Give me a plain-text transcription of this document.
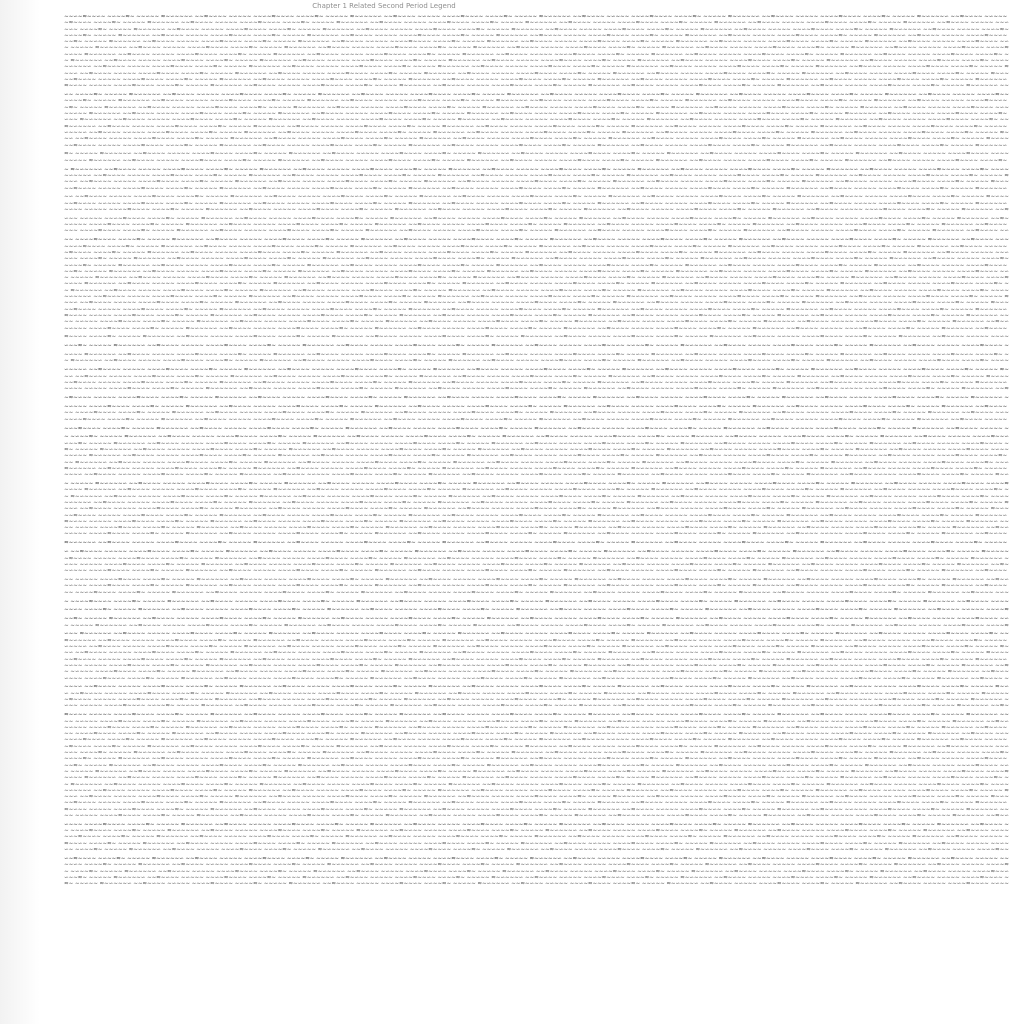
Chapter 1 Related Second Period Legend
∼∼∽∼≈∼∼∽∼ ∼∽∼∼≈∼ ∼∼∽∼∼ ≈∼∽∼∼∼∽ ∼∼≈∼∽∼∼ ∼∽∼∼∼ ∼∼∽∼≈∼∼∽∼ ∼∽∼∼≈∼ ∼∼∽∼∼ ≈∼∽∼∼∼∽ ∼∼≈∼∽∼∼ ∼∽∼∼∼ ∼∼∽∼≈∼∼∽∼ ∼∽∼∼≈∼ ∼∼∽∼∼ ≈∼∽∼∼∼∽ ∼∼≈∼∽∼∼ ∼∽∼∼∼ ∼∼∽∼≈∼∼∽∼ ∼∽∼∼≈∼ ∼∼∽∼∼ ≈∼∽∼∼∼∽ ∼∼≈∼∽∼∼ ∼∽∼∼∼ ∼∼∽∼≈∼∼∽∼ ∼∽∼∼≈∼ ∼∼∽∼∼ ≈∼∽∼∼∼∽ ∼∼≈∼∽∼∼ ∼∽∼∼∼
∼≈∼∼∽∼ ∼∽∼∼≈∼ ∼∼∽∼∼ ≈∼∽∼∼∼∽ ∼∼≈∼∽∼∼ ∼∽∼∼∼ ∼∼∽∼≈∼∼∽∼ ∼∽∼∼≈∼ ∼∼∽∼∼ ≈∼∽∼∼∼∽ ∼∼≈∼∽∼∼ ∼∽∼∼∼ ∼∼∽∼≈∼∼∽∼ ∼∽∼∼≈∼ ∼∼∽∼∼ ≈∼∽∼∼∼∽ ∼∼≈∼∽∼∼ ∼∽∼∼∼ ∼∼∽∼≈∼∼∽∼ ∼∽∼∼≈∼ ∼∼∽∼∼ ≈∼∽∼∼∼∽ ∼∼≈∼∽∼∼ ∼∽∼∼∼ ∼∼∽∼≈∼∼∽∼ ∼∽∼∼≈∼ ∼∼∽∼∼ ≈∼∽∼∼∼∽ ∼∼≈∼∽∼∼ ∼∽∼∼∼ ∼∼∽
∼∽∼ ∼∽∼∼≈∼ ∼∼∽∼∼ ≈∼∽∼∼∼∽ ∼∼≈∼∽∼∼ ∼∽∼∼∼ ∼∼∽∼≈∼∼∽∼ ∼∽∼∼≈∼ ∼∼∽∼∼ ≈∼∽∼∼∼∽ ∼∼≈∼∽∼∼ ∼∽∼∼∼ ∼∼∽∼≈∼∼∽∼ ∼∽∼∼≈∼ ∼∼∽∼∼ ≈∼∽∼∼∼∽ ∼∼≈∼∽∼∼ ∼∽∼∼∼ ∼∼∽∼≈∼∼∽∼ ∼∽∼∼≈∼ ∼∼∽∼∼ ≈∼∽∼∼∼∽ ∼∼≈∼∽∼∼ ∼∽∼∼∼ ∼∼∽∼≈∼∼∽∼ ∼∽∼∼≈∼ ∼∼∽∼∼ ≈∼∽∼∼∼∽ ∼∼≈∼∽∼∼ ∼∽∼∼∼ ∼∼∽∼≈∼
∼∽∼∼≈∼ ∼∼∽∼∼ ≈∼∽∼∼∼∽ ∼∼≈∼∽∼∼ ∼∽∼∼∼ ∼∼∽∼≈∼∼∽∼ ∼∽∼∼≈∼ ∼∼∽∼∼ ≈∼∽∼∼∼∽ ∼∼≈∼∽∼∼ ∼∽∼∼∼ ∼∼∽∼≈∼∼∽∼ ∼∽∼∼≈∼ ∼∼∽∼∼ ≈∼∽∼∼∼∽ ∼∼≈∼∽∼∼ ∼∽∼∼∼ ∼∼∽∼≈∼∼∽∼ ∼∽∼∼≈∼ ∼∼∽∼∼ ≈∼∽∼∼∼∽ ∼∼≈∼∽∼∼ ∼∽∼∼∼ ∼∼∽∼≈∼∼∽∼ ∼∽∼∼≈∼ ∼∼∽∼∼ ≈∼∽∼∼∼∽ ∼∼≈∼∽∼∼ ∼∽∼∼∼ ∼∼∽∼≈∼∼∽∼
∼∼≈∼ ∼∼∽∼∼ ≈∼∽∼∼∼∽ ∼∼≈∼∽∼∼ ∼∽∼∼∼ ∼∼∽∼≈∼∼∽∼ ∼∽∼∼≈∼ ∼∼∽∼∼ ≈∼∽∼∼∼∽ ∼∼≈∼∽∼∼ ∼∽∼∼∼ ∼∼∽∼≈∼∼∽∼ ∼∽∼∼≈∼ ∼∼∽∼∼ ≈∼∽∼∼∼∽ ∼∼≈∼∽∼∼ ∼∽∼∼∼ ∼∼∽∼≈∼∼∽∼ ∼∽∼∼≈∼ ∼∼∽∼∼ ≈∼∽∼∼∼∽ ∼∼≈∼∽∼∼ ∼∽∼∼∼ ∼∼∽∼≈∼∼∽∼ ∼∽∼∼≈∼ ∼∼∽∼∼ ≈∼∽∼∼∼∽ ∼∼≈∼∽∼∼ ∼∽∼∼∼ ∼∼∽∼≈∼∼∽∼ ∼∽
∼ ∼∼∽∼∼ ≈∼∽∼∼∼∽ ∼∼≈∼∽∼∼ ∼∽∼∼∼ ∼∼∽∼≈∼∼∽∼ ∼∽∼∼≈∼ ∼∼∽∼∼ ≈∼∽∼∼∼∽ ∼∼≈∼∽∼∼ ∼∽∼∼∼ ∼∼∽∼≈∼∼∽∼ ∼∽∼∼≈∼ ∼∼∽∼∼ ≈∼∽∼∼∼∽ ∼∼≈∼∽∼∼ ∼∽∼∼∼ ∼∼∽∼≈∼∼∽∼ ∼∽∼∼≈∼ ∼∼∽∼∼ ≈∼∽∼∼∼∽ ∼∼≈∼∽∼∼ ∼∽∼∼∼ ∼∼∽∼≈∼∼∽∼ ∼∽∼∼≈∼ ∼∼∽∼∼ ≈∼∽∼∼∼∽ ∼∼≈∼∽∼∼ ∼∽∼∼∼ ∼∼∽∼≈∼∼∽∼ ∼∽∼∼≈
∼∽∼∼ ≈∼∽∼∼∼∽ ∼∼≈∼∽∼∼ ∼∽∼∼∼ ∼∼∽∼≈∼∼∽∼ ∼∽∼∼≈∼ ∼∼∽∼∼ ≈∼∽∼∼∼∽ ∼∼≈∼∽∼∼ ∼∽∼∼∼ ∼∼∽∼≈∼∼∽∼ ∼∽∼∼≈∼ ∼∼∽∼∼ ≈∼∽∼∼∼∽ ∼∼≈∼∽∼∼ ∼∽∼∼∼ ∼∼∽∼≈∼∼∽∼ ∼∽∼∼≈∼ ∼∼∽∼∼ ≈∼∽∼∼∼∽ ∼∼≈∼∽∼∼ ∼∽∼∼∼ ∼∼∽∼≈∼∼∽∼ ∼∽∼∼≈∼ ∼∼∽∼∼ ≈∼∽∼∼∼∽ ∼∼≈∼∽∼∼ ∼∽∼∼∼ ∼∼∽∼≈∼∼∽∼ ∼∽∼∼≈∼ ∼
∼ ≈∼∽∼∼∼∽ ∼∼≈∼∽∼∼ ∼∽∼∼∼ ∼∼∽∼≈∼∼∽∼ ∼∽∼∼≈∼ ∼∼∽∼∼ ≈∼∽∼∼∼∽ ∼∼≈∼∽∼∼ ∼∽∼∼∼ ∼∼∽∼≈∼∼∽∼ ∼∽∼∼≈∼ ∼∼∽∼∼ ≈∼∽∼∼∼∽ ∼∼≈∼∽∼∼ ∼∽∼∼∼ ∼∼∽∼≈∼∼∽∼ ∼∽∼∼≈∼ ∼∼∽∼∼ ≈∼∽∼∼∼∽ ∼∼≈∼∽∼∼ ∼∽∼∼∼ ∼∼∽∼≈∼∼∽∼ ∼∽∼∼≈∼ ∼∼∽∼∼ ≈∼∽∼∼∼∽ ∼∼≈∼∽∼∼ ∼∽∼∼∼ ∼∼∽∼≈∼∼∽∼ ∼∽∼∼≈∼ ∼∼∽∼
∼∽∼∼∼∽ ∼∼≈∼∽∼∼ ∼∽∼∼∼ ∼∼∽∼≈∼∼∽∼ ∼∽∼∼≈∼ ∼∼∽∼∼ ≈∼∽∼∼∼∽ ∼∼≈∼∽∼∼ ∼∽∼∼∼ ∼∼∽∼≈∼∼∽∼ ∼∽∼∼≈∼ ∼∼∽∼∼ ≈∼∽∼∼∼∽ ∼∼≈∼∽∼∼ ∼∽∼∼∼ ∼∼∽∼≈∼∼∽∼ ∼∽∼∼≈∼ ∼∼∽∼∼ ≈∼∽∼∼∼∽ ∼∼≈∼∽∼∼ ∼∽∼∼∼ ∼∼∽∼≈∼∼∽∼ ∼∽∼∼≈∼ ∼∼∽∼∼ ≈∼∽∼∼∼∽ ∼∼≈∼∽∼∼ ∼∽∼∼∼ ∼∼∽∼≈∼∼∽∼ ∼∽∼∼≈∼ ∼∼∽∼∼ ≈
∼∼∽ ∼∼≈∼∽∼∼ ∼∽∼∼∼ ∼∼∽∼≈∼∼∽∼ ∼∽∼∼≈∼ ∼∼∽∼∼ ≈∼∽∼∼∼∽ ∼∼≈∼∽∼∼ ∼∽∼∼∼ ∼∼∽∼≈∼∼∽∼ ∼∽∼∼≈∼ ∼∼∽∼∼ ≈∼∽∼∼∼∽ ∼∼≈∼∽∼∼ ∼∽∼∼∼ ∼∼∽∼≈∼∼∽∼ ∼∽∼∼≈∼ ∼∼∽∼∼ ≈∼∽∼∼∼∽ ∼∼≈∼∽∼∼ ∼∽∼∼∼ ∼∼∽∼≈∼∼∽∼ ∼∽∼∼≈∼ ∼∼∽∼∼ ≈∼∽∼∼∼∽ ∼∼≈∼∽∼∼ ∼∽∼∼∼ ∼∼∽∼≈∼∼∽∼ ∼∽∼∼≈∼ ∼∼∽∼∼ ≈∼∽∼
∼∼≈∼∽∼∼ ∼∽∼∼∼ ∼∼∽∼≈∼∼∽∼ ∼∽∼∼≈∼ ∼∼∽∼∼ ≈∼∽∼∼∼∽ ∼∼≈∼∽∼∼ ∼∽∼∼∼ ∼∼∽∼≈∼∼∽∼ ∼∽∼∼≈∼ ∼∼∽∼∼ ≈∼∽∼∼∼∽ ∼∼≈∼∽∼∼ ∼∽∼∼∼ ∼∼∽∼≈∼∼∽∼ ∼∽∼∼≈∼ ∼∼∽∼∼ ≈∼∽∼∼∼∽ ∼∼≈∼∽∼∼ ∼∽∼∼∼ ∼∼∽∼≈∼∼∽∼ ∼∽∼∼≈∼ ∼∼∽∼∼ ≈∼∽∼∼∼∽ ∼∼≈∼∽∼∼ ∼∽∼∼∼ ∼∼∽∼≈∼∼∽∼ ∼∽∼∼≈∼ ∼∼∽∼∼ ≈∼∽∼∼∼∽
≈∼∽∼∼ ∼∽∼∼∼ ∼∼∽∼≈∼∼∽∼ ∼∽∼∼≈∼ ∼∼∽∼∼ ≈∼∽∼∼∼∽ ∼∼≈∼∽∼∼ ∼∽∼∼∼ ∼∼∽∼≈∼∼∽∼ ∼∽∼∼≈∼ ∼∼∽∼∼ ≈∼∽∼∼∼∽ ∼∼≈∼∽∼∼ ∼∽∼∼∼ ∼∼∽∼≈∼∼∽∼ ∼∽∼∼≈∼ ∼∼∽∼∼ ≈∼∽∼∼∼∽ ∼∼≈∼∽∼∼ ∼∽∼∼∼ ∼∼∽∼≈∼∼∽∼ ∼∽∼∼≈∼ ∼∼∽∼∼ ≈∼∽∼∼∼∽ ∼∼≈∼∽∼∼ ∼∽∼∼∼ ∼∼∽∼≈∼∼∽∼ ∼∽∼∼≈∼ ∼∼∽∼∼ ≈∼∽∼∼∼∽ ∼∼
∽∼ ∼∽∼∼≈∼ ∼∼∽∼∼ ≈∼∽∼∼∼∽ ∼∼≈∼∽∼∼ ∼∽∼∼∼ ∼∼∽∼≈∼∼∽∼ ∼∽∼∼≈∼ ∼∼∽∼∼ ≈∼∽∼∼∼∽ ∼∼≈∼∽∼∼ ∼∽∼∼∼ ∼∼∽∼≈∼∼∽∼ ∼∽∼∼≈∼ ∼∼∽∼∼ ≈∼∽∼∼∼∽ ∼∼≈∼∽∼∼ ∼∽∼∼∼ ∼∼∽∼≈∼∼∽∼ ∼∽∼∼≈∼ ∼∼∽∼∼ ≈∼∽∼∼∼∽ ∼∼≈∼∽∼∼ ∼∽∼∼∼ ∼∼∽∼≈∼∼∽∼ ∼∽∼∼≈∼ ∼∼∽∼∼ ≈∼∽∼∼∼∽ ∼∼≈∼∽∼∼ ∼∽∼∼∼ ∼∼∽∼≈∼∼
∼∽∼∼≈∼ ∼∼∽∼∼ ≈∼∽∼∼∼∽ ∼∼≈∼∽∼∼ ∼∽∼∼∼ ∼∼∽∼≈∼∼∽∼ ∼∽∼∼≈∼ ∼∼∽∼∼ ≈∼∽∼∼∼∽ ∼∼≈∼∽∼∼ ∼∽∼∼∼ ∼∼∽∼≈∼∼∽∼ ∼∽∼∼≈∼ ∼∼∽∼∼ ≈∼∽∼∼∼∽ ∼∼≈∼∽∼∼ ∼∽∼∼∼ ∼∼∽∼≈∼∼∽∼ ∼∽∼∼≈∼ ∼∼∽∼∼ ≈∼∽∼∼∼∽ ∼∼≈∼∽∼∼ ∼∽∼∼∼ ∼∼∽∼≈∼∼∽∼ ∼∽∼∼≈∼ ∼∼∽∼∼ ≈∼∽∼∼∼∽ ∼∼≈∼∽∼∼ ∼∽∼∼∼ ∼∼∽∼≈∼∼∽∼
∼≈∼ ∼∼∽∼∼ ≈∼∽∼∼∼∽ ∼∼≈∼∽∼∼ ∼∽∼∼∼ ∼∼∽∼≈∼∼∽∼ ∼∽∼∼≈∼ ∼∼∽∼∼ ≈∼∽∼∼∼∽ ∼∼≈∼∽∼∼ ∼∽∼∼∼ ∼∼∽∼≈∼∼∽∼ ∼∽∼∼≈∼ ∼∼∽∼∼ ≈∼∽∼∼∼∽ ∼∼≈∼∽∼∼ ∼∽∼∼∼ ∼∼∽∼≈∼∼∽∼ ∼∽∼∼≈∼ ∼∼∽∼∼ ≈∼∽∼∼∼∽ ∼∼≈∼∽∼∼ ∼∽∼∼∼ ∼∼∽∼≈∼∼∽∼ ∼∽∼∼≈∼ ∼∼∽∼∼ ≈∼∽∼∼∼∽ ∼∼≈∼∽∼∼ ∼∽∼∼∼ ∼∼∽∼≈∼∼∽∼ ∼∽∼
∼∼∽∼∼ ≈∼∽∼∼∼∽ ∼∼≈∼∽∼∼ ∼∽∼∼∼ ∼∼∽∼≈∼∼∽∼ ∼∽∼∼≈∼ ∼∼∽∼∼ ≈∼∽∼∼∼∽ ∼∼≈∼∽∼∼ ∼∽∼∼∼ ∼∼∽∼≈∼∼∽∼ ∼∽∼∼≈∼ ∼∼∽∼∼ ≈∼∽∼∼∼∽ ∼∼≈∼∽∼∼ ∼∽∼∼∼ ∼∼∽∼≈∼∼∽∼ ∼∽∼∼≈∼ ∼∼∽∼∼ ≈∼∽∼∼∼∽ ∼∼≈∼∽∼∼ ∼∽∼∼∼ ∼∼∽∼≈∼∼∽∼ ∼∽∼∼≈∼ ∼∼∽∼∼ ≈∼∽∼∼∼∽ ∼∼≈∼∽∼∼ ∼∽∼∼∼ ∼∼∽∼≈∼∼∽∼ ∼∽∼∼≈∼
∽∼∼ ≈∼∽∼∼∼∽ ∼∼≈∼∽∼∼ ∼∽∼∼∼ ∼∼∽∼≈∼∼∽∼ ∼∽∼∼≈∼ ∼∼∽∼∼ ≈∼∽∼∼∼∽ ∼∼≈∼∽∼∼ ∼∽∼∼∼ ∼∼∽∼≈∼∼∽∼ ∼∽∼∼≈∼ ∼∼∽∼∼ ≈∼∽∼∼∼∽ ∼∼≈∼∽∼∼ ∼∽∼∼∼ ∼∼∽∼≈∼∼∽∼ ∼∽∼∼≈∼ ∼∼∽∼∼ ≈∼∽∼∼∼∽ ∼∼≈∼∽∼∼ ∼∽∼∼∼ ∼∼∽∼≈∼∼∽∼ ∼∽∼∼≈∼ ∼∼∽∼∼ ≈∼∽∼∼∼∽ ∼∼≈∼∽∼∼ ∼∽∼∼∼ ∼∼∽∼≈∼∼∽∼ ∼∽∼∼≈∼ ∼∼
≈∼∽∼∼∼∽ ∼∼≈∼∽∼∼ ∼∽∼∼∼ ∼∼∽∼≈∼∼∽∼ ∼∽∼∼≈∼ ∼∼∽∼∼ ≈∼∽∼∼∼∽ ∼∼≈∼∽∼∼ ∼∽∼∼∼ ∼∼∽∼≈∼∼∽∼ ∼∽∼∼≈∼ ∼∼∽∼∼ ≈∼∽∼∼∼∽ ∼∼≈∼∽∼∼ ∼∽∼∼∼ ∼∼∽∼≈∼∼∽∼ ∼∽∼∼≈∼ ∼∼∽∼∼ ≈∼∽∼∼∼∽ ∼∼≈∼∽∼∼ ∼∽∼∼∼ ∼∼∽∼≈∼∼∽∼ ∼∽∼∼≈∼ ∼∼∽∼∼ ≈∼∽∼∼∼∽ ∼∼≈∼∽∼∼ ∼∽∼∼∼ ∼∼∽∼≈∼∼∽∼ ∼∽∼∼≈∼ ∼∼∽∼∼
∽∼∼∼∽ ∼∼≈∼∽∼∼ ∼∽∼∼∼ ∼∼∽∼≈∼∼∽∼ ∼∽∼∼≈∼ ∼∼∽∼∼ ≈∼∽∼∼∼∽ ∼∼≈∼∽∼∼ ∼∽∼∼∼ ∼∼∽∼≈∼∼∽∼ ∼∽∼∼≈∼ ∼∼∽∼∼ ≈∼∽∼∼∼∽ ∼∼≈∼∽∼∼ ∼∽∼∼∼ ∼∼∽∼≈∼∼∽∼ ∼∽∼∼≈∼ ∼∼∽∼∼ ≈∼∽∼∼∼∽ ∼∼≈∼∽∼∼ ∼∽∼∼∼ ∼∼∽∼≈∼∼∽∼ ∼∽∼∼≈∼ ∼∼∽∼∼ ≈∼∽∼∼∼∽ ∼∼≈∼∽∼∼ ∼∽∼∼∼ ∼∼∽∼≈∼∼∽∼ ∼∽∼∼≈∼ ∼∼∽∼∼ ≈∼
∼∽ ∼∼≈∼∽∼∼ ∼∽∼∼∼ ∼∼∽∼≈∼∼∽∼ ∼∽∼∼≈∼ ∼∼∽∼∼ ≈∼∽∼∼∼∽ ∼∼≈∼∽∼∼ ∼∽∼∼∼ ∼∼∽∼≈∼∼∽∼ ∼∽∼∼≈∼ ∼∼∽∼∼ ≈∼∽∼∼∼∽ ∼∼≈∼∽∼∼ ∼∽∼∼∼ ∼∼∽∼≈∼∼∽∼ ∼∽∼∼≈∼ ∼∼∽∼∼ ≈∼∽∼∼∼∽ ∼∼≈∼∽∼∼ ∼∽∼∼∼ ∼∼∽∼≈∼∼∽∼ ∼∽∼∼≈∼ ∼∼∽∼∼ ≈∼∽∼∼∼∽ ∼∼≈∼∽∼∼ ∼∽∼∼∼ ∼∼∽∼≈∼∼∽∼ ∼∽∼∼≈∼ ∼∼∽∼∼ ≈∼∽∼∼
∼∼≈∼∽∼∼ ∼∽∼∼∼ ∼∼∽∼≈∼∼∽∼ ∼∽∼∼≈∼ ∼∼∽∼∼ ≈∼∽∼∼∼∽ ∼∼≈∼∽∼∼ ∼∽∼∼∼ ∼∼∽∼≈∼∼∽∼ ∼∽∼∼≈∼ ∼∼∽∼∼ ≈∼∽∼∼∼∽ ∼∼≈∼∽∼∼ ∼∽∼∼∼ ∼∼∽∼≈∼∼∽∼ ∼∽∼∼≈∼ ∼∼∽∼∼ ≈∼∽∼∼∼∽ ∼∼≈∼∽∼∼ ∼∽∼∼∼ ∼∼∽∼≈∼∼∽∼ ∼∽∼∼≈∼ ∼∼∽∼∼ ≈∼∽∼∼∼∽ ∼∼≈∼∽∼∼ ∼∽∼∼∼ ∼∼∽∼≈∼∼∽∼ ∼∽∼∼≈∼ ∼∼∽∼∼ ≈∼∽∼∼∼∽
≈∼ ∼∼∽∼∼ ≈∼∽∼∼∼∽ ∼∼≈∼∽∼∼ ∼∽∼∼∼ ∼∼∽∼≈∼∼∽∼ ∼∽∼∼≈∼ ∼∼∽∼∼ ≈∼∽∼∼∼∽ ∼∼≈∼∽∼∼ ∼∽∼∼∼ ∼∼∽∼≈∼∼∽∼ ∼∽∼∼≈∼ ∼∼∽∼∼ ≈∼∽∼∼∼∽ ∼∼≈∼∽∼∼ ∼∽∼∼∼ ∼∼∽∼≈∼∼∽∼ ∼∽∼∼≈∼ ∼∼∽∼∼ ≈∼∽∼∼∼∽ ∼∼≈∼∽∼∼ ∼∽∼∼∼ ∼∼∽∼≈∼∼∽∼ ∼∽∼∼≈∼ ∼∼∽∼∼ ≈∼∽∼∼∼∽ ∼∼≈∼∽∼∼ ∼∽∼∼∼ ∼∼∽∼≈∼∼∽∼ ∼∽∼∼
∼∼∽∼∼ ≈∼∽∼∼∼∽ ∼∼≈∼∽∼∼ ∼∽∼∼∼ ∼∼∽∼≈∼∼∽∼ ∼∽∼∼≈∼ ∼∼∽∼∼ ≈∼∽∼∼∼∽ ∼∼≈∼∽∼∼ ∼∽∼∼∼ ∼∼∽∼≈∼∼∽∼ ∼∽∼∼≈∼ ∼∼∽∼∼ ≈∼∽∼∼∼∽ ∼∼≈∼∽∼∼ ∼∽∼∼∼ ∼∼∽∼≈∼∼∽∼ ∼∽∼∼≈∼ ∼∼∽∼∼ ≈∼∽∼∼∼∽ ∼∼≈∼∽∼∼ ∼∽∼∼∼ ∼∼∽∼≈∼∼∽∼ ∼∽∼∼≈∼ ∼∼∽∼∼ ≈∼∽∼∼∼∽ ∼∼≈∼∽∼∼ ∼∽∼∼∼ ∼∼∽∼≈∼∼∽∼ ∼∽∼∼≈∼
∼ ≈∼∽∼∼∼∽ ∼∼≈∼∽∼∼ ∼∽∼∼∼ ∼∼∽∼≈∼∼∽∼ ∼∽∼∼≈∼ ∼∼∽∼∼ ≈∼∽∼∼∼∽ ∼∼≈∼∽∼∼ ∼∽∼∼∼ ∼∼∽∼≈∼∼∽∼ ∼∽∼∼≈∼ ∼∼∽∼∼ ≈∼∽∼∼∼∽ ∼∼≈∼∽∼∼ ∼∽∼∼∼ ∼∼∽∼≈∼∼∽∼ ∼∽∼∼≈∼ ∼∼∽∼∼ ≈∼∽∼∼∼∽ ∼∼≈∼∽∼∼ ∼∽∼∼∼ ∼∼∽∼≈∼∼∽∼ ∼∽∼∼≈∼ ∼∼∽∼∼ ≈∼∽∼∼∼∽ ∼∼≈∼∽∼∼ ∼∽∼∼∼ ∼∼∽∼≈∼∼∽∼ ∼∽∼∼≈∼ ∼∼∽∼
∼∽∼∼∼∽ ∼∼≈∼∽∼∼ ∼∽∼∼∼ ∼∼∽∼≈∼∼∽∼ ∼∽∼∼≈∼ ∼∼∽∼∼ ≈∼∽∼∼∼∽ ∼∼≈∼∽∼∼ ∼∽∼∼∼ ∼∼∽∼≈∼∼∽∼ ∼∽∼∼≈∼ ∼∼∽∼∼ ≈∼∽∼∼∼∽ ∼∼≈∼∽∼∼ ∼∽∼∼∼ ∼∼∽∼≈∼∼∽∼ ∼∽∼∼≈∼ ∼∼∽∼∼ ≈∼∽∼∼∼∽ ∼∼≈∼∽∼∼ ∼∽∼∼∼ ∼∼∽∼≈∼∼∽∼ ∼∽∼∼≈∼ ∼∼∽∼∼ ≈∼∽∼∼∼∽ ∼∼≈∼∽∼∼ ∼∽∼∼∼ ∼∼∽∼≈∼∼∽∼ ∼∽∼∼≈∼ ∼∼∽∼∼ ≈
∼∼∽ ∼∼≈∼∽∼∼ ∼∽∼∼∼ ∼∼∽∼≈∼∼∽∼ ∼∽∼∼≈∼ ∼∼∽∼∼ ≈∼∽∼∼∼∽ ∼∼≈∼∽∼∼ ∼∽∼∼∼ ∼∼∽∼≈∼∼∽∼ ∼∽∼∼≈∼ ∼∼∽∼∼ ≈∼∽∼∼∼∽ ∼∼≈∼∽∼∼ ∼∽∼∼∼ ∼∼∽∼≈∼∼∽∼ ∼∽∼∼≈∼ ∼∼∽∼∼ ≈∼∽∼∼∼∽ ∼∼≈∼∽∼∼ ∼∽∼∼∼ ∼∼∽∼≈∼∼∽∼ ∼∽∼∼≈∼ ∼∼∽∼∼ ≈∼∽∼∼∼∽ ∼∼≈∼∽∼∼ ∼∽∼∼∼ ∼∼∽∼≈∼∼∽∼ ∼∽∼∼≈∼ ∼∼∽∼∼ ≈∼∽∼
∼∼≈∼∽∼∼ ∼∽∼∼∼ ∼∼∽∼≈∼∼∽∼ ∼∽∼∼≈∼ ∼∼∽∼∼ ≈∼∽∼∼∼∽ ∼∼≈∼∽∼∼ ∼∽∼∼∼ ∼∼∽∼≈∼∼∽∼ ∼∽∼∼≈∼ ∼∼∽∼∼ ≈∼∽∼∼∼∽ ∼∼≈∼∽∼∼ ∼∽∼∼∼ ∼∼∽∼≈∼∼∽∼ ∼∽∼∼≈∼ ∼∼∽∼∼ ≈∼∽∼∼∼∽ ∼∼≈∼∽∼∼ ∼∽∼∼∼ ∼∼∽∼≈∼∼∽∼ ∼∽∼∼≈∼ ∼∼∽∼∼ ≈∼∽∼∼∼∽ ∼∼≈∼∽∼∼ ∼∽∼∼∼ ∼∼∽∼≈∼∼∽∼ ∼∽∼∼≈∼ ∼∼∽∼∼ ≈∼∽∼∼∼∽
∼∽ ∼∼≈∼∽∼∼ ∼∽∼∼∼ ∼∼∽∼≈∼∼∽∼ ∼∽∼∼≈∼ ∼∼∽∼∼ ≈∼∽∼∼∼∽ ∼∼≈∼∽∼∼ ∼∽∼∼∼ ∼∼∽∼≈∼∼∽∼ ∼∽∼∼≈∼ ∼∼∽∼∼ ≈∼∽∼∼∼∽ ∼∼≈∼∽∼∼ ∼∽∼∼∼ ∼∼∽∼≈∼∼∽∼ ∼∽∼∼≈∼ ∼∼∽∼∼ ≈∼∽∼∼∼∽ ∼∼≈∼∽∼∼ ∼∽∼∼∼ ∼∼∽∼≈∼∼∽∼ ∼∽∼∼≈∼ ∼∼∽∼∼ ≈∼∽∼∼∼∽ ∼∼≈∼∽∼∼ ∼∽∼∼∼ ∼∼∽∼≈∼∼∽∼ ∼∽∼∼≈∼ ∼∼∽∼∼ ≈∼∽∼∼
∼∼≈∼∽∼∼ ∼∽∼∼∼ ∼∼∽∼≈∼∼∽∼ ∼∽∼∼≈∼ ∼∼∽∼∼ ≈∼∽∼∼∼∽ ∼∼≈∼∽∼∼ ∼∽∼∼∼ ∼∼∽∼≈∼∼∽∼ ∼∽∼∼≈∼ ∼∼∽∼∼ ≈∼∽∼∼∼∽ ∼∼≈∼∽∼∼ ∼∽∼∼∼ ∼∼∽∼≈∼∼∽∼ ∼∽∼∼≈∼ ∼∼∽∼∼ ≈∼∽∼∼∼∽ ∼∼≈∼∽∼∼ ∼∽∼∼∼ ∼∼∽∼≈∼∼∽∼ ∼∽∼∼≈∼ ∼∼∽∼∼ ≈∼∽∼∼∼∽ ∼∼≈∼∽∼∼ ∼∽∼∼∼ ∼∼∽∼≈∼∼∽∼ ∼∽∼∼≈∼ ∼∼∽∼∼ ≈∼∽∼∼∼∽
∼∽∼∼ ∼∽∼∼∼ ∼∼∽∼≈∼∼∽∼ ∼∽∼∼≈∼ ∼∼∽∼∼ ≈∼∽∼∼∼∽ ∼∼≈∼∽∼∼ ∼∽∼∼∼ ∼∼∽∼≈∼∼∽∼ ∼∽∼∼≈∼ ∼∼∽∼∼ ≈∼∽∼∼∼∽ ∼∼≈∼∽∼∼ ∼∽∼∼∼ ∼∼∽∼≈∼∼∽∼ ∼∽∼∼≈∼ ∼∼∽∼∼ ≈∼∽∼∼∼∽ ∼∼≈∼∽∼∼ ∼∽∼∼∼ ∼∼∽∼≈∼∼∽∼ ∼∽∼∼≈∼ ∼∼∽∼∼ ≈∼∽∼∼∼∽ ∼∼≈∼∽∼∼ ∼∽∼∼∼ ∼∼∽∼≈∼∼∽∼ ∼∽∼∼≈∼ ∼∼∽∼∼ ≈∼∽∼∼∼∽ ∼∼≈
∽∼∼ ∼∽∼∼∼ ∼∼∽∼≈∼∼∽∼ ∼∽∼∼≈∼ ∼∼∽∼∼ ≈∼∽∼∼∼∽ ∼∼≈∼∽∼∼ ∼∽∼∼∼ ∼∼∽∼≈∼∼∽∼ ∼∽∼∼≈∼ ∼∼∽∼∼ ≈∼∽∼∼∼∽ ∼∼≈∼∽∼∼ ∼∽∼∼∼ ∼∼∽∼≈∼∼∽∼ ∼∽∼∼≈∼ ∼∼∽∼∼ ≈∼∽∼∼∼∽ ∼∼≈∼∽∼∼ ∼∽∼∼∼ ∼∼∽∼≈∼∼∽∼ ∼∽∼∼≈∼ ∼∼∽∼∼ ≈∼∽∼∼∼∽ ∼∼≈∼∽∼∼ ∼∽∼∼∼ ∼∼∽∼≈∼∼∽∼ ∼∽∼∼≈∼ ∼∼∽∼∼ ≈∼∽∼∼∼∽ ∼∼≈∼
∼∽∼∼∼ ∼∼∽∼≈∼∼∽∼ ∼∽∼∼≈∼ ∼∼∽∼∼ ≈∼∽∼∼∼∽ ∼∼≈∼∽∼∼ ∼∽∼∼∼ ∼∼∽∼≈∼∼∽∼ ∼∽∼∼≈∼ ∼∼∽∼∼ ≈∼∽∼∼∼∽ ∼∼≈∼∽∼∼ ∼∽∼∼∼ ∼∼∽∼≈∼∼∽∼ ∼∽∼∼≈∼ ∼∼∽∼∼ ≈∼∽∼∼∼∽ ∼∼≈∼∽∼∼ ∼∽∼∼∼ ∼∼∽∼≈∼∼∽∼ ∼∽∼∼≈∼ ∼∼∽∼∼ ≈∼∽∼∼∼∽ ∼∼≈∼∽∼∼ ∼∽∼∼∼ ∼∼∽∼≈∼∼∽∼ ∼∽∼∼≈∼ ∼∼∽∼∼ ≈∼∽∼∼∼∽ ∼∼≈∼∽∼∼
∼∼∼ ∼∼∽∼≈∼∼∽∼ ∼∽∼∼≈∼ ∼∼∽∼∼ ≈∼∽∼∼∼∽ ∼∼≈∼∽∼∼ ∼∽∼∼∼ ∼∼∽∼≈∼∼∽∼ ∼∽∼∼≈∼ ∼∼∽∼∼ ≈∼∽∼∼∼∽ ∼∼≈∼∽∼∼ ∼∽∼∼∼ ∼∼∽∼≈∼∼∽∼ ∼∽∼∼≈∼ ∼∼∽∼∼ ≈∼∽∼∼∼∽ ∼∼≈∼∽∼∼ ∼∽∼∼∼ ∼∼∽∼≈∼∼∽∼ ∼∽∼∼≈∼ ∼∼∽∼∼ ≈∼∽∼∼∼∽ ∼∼≈∼∽∼∼ ∼∽∼∼∼ ∼∼∽∼≈∼∼∽∼ ∼∽∼∼≈∼ ∼∼∽∼∼ ≈∼∽∼∼∼∽ ∼∼≈∼∽∼∼ ∼∽
∼∼ ∼∼∽∼≈∼∼∽∼ ∼∽∼∼≈∼ ∼∼∽∼∼ ≈∼∽∼∼∼∽ ∼∼≈∼∽∼∼ ∼∽∼∼∼ ∼∼∽∼≈∼∼∽∼ ∼∽∼∼≈∼ ∼∼∽∼∼ ≈∼∽∼∼∼∽ ∼∼≈∼∽∼∼ ∼∽∼∼∼ ∼∼∽∼≈∼∼∽∼ ∼∽∼∼≈∼ ∼∼∽∼∼ ≈∼∽∼∼∼∽ ∼∼≈∼∽∼∼ ∼∽∼∼∼ ∼∼∽∼≈∼∼∽∼ ∼∽∼∼≈∼ ∼∼∽∼∼ ≈∼∽∼∼∼∽ ∼∼≈∼∽∼∼ ∼∽∼∼∼ ∼∼∽∼≈∼∼∽∼ ∼∽∼∼≈∼ ∼∼∽∼∼ ≈∼∽∼∼∼∽ ∼∼≈∼∽∼∼ ∼∽∼
∼∼∽∼≈∼∼∽∼ ∼∽∼∼≈∼ ∼∼∽∼∼ ≈∼∽∼∼∼∽ ∼∼≈∼∽∼∼ ∼∽∼∼∼ ∼∼∽∼≈∼∼∽∼ ∼∽∼∼≈∼ ∼∼∽∼∼ ≈∼∽∼∼∼∽ ∼∼≈∼∽∼∼ ∼∽∼∼∼ ∼∼∽∼≈∼∼∽∼ ∼∽∼∼≈∼ ∼∼∽∼∼ ≈∼∽∼∼∼∽ ∼∼≈∼∽∼∼ ∼∽∼∼∼ ∼∼∽∼≈∼∼∽∼ ∼∽∼∼≈∼ ∼∼∽∼∼ ≈∼∽∼∼∼∽ ∼∼≈∼∽∼∼ ∼∽∼∼∼ ∼∼∽∼≈∼∼∽∼ ∼∽∼∼≈∼ ∼∼∽∼∼ ≈∼∽∼∼∼∽ ∼∼≈∼∽∼∼ ∼∽∼∼∼
∼≈∼∼∽∼ ∼∽∼∼≈∼ ∼∼∽∼∼ ≈∼∽∼∼∼∽ ∼∼≈∼∽∼∼ ∼∽∼∼∼ ∼∼∽∼≈∼∼∽∼ ∼∽∼∼≈∼ ∼∼∽∼∼ ≈∼∽∼∼∼∽ ∼∼≈∼∽∼∼ ∼∽∼∼∼ ∼∼∽∼≈∼∼∽∼ ∼∽∼∼≈∼ ∼∼∽∼∼ ≈∼∽∼∼∼∽ ∼∼≈∼∽∼∼ ∼∽∼∼∼ ∼∼∽∼≈∼∼∽∼ ∼∽∼∼≈∼ ∼∼∽∼∼ ≈∼∽∼∼∼∽ ∼∼≈∼∽∼∼ ∼∽∼∼∼ ∼∼∽∼≈∼∼∽∼ ∼∽∼∼≈∼ ∼∼∽∼∼ ≈∼∽∼∼∼∽ ∼∼≈∼∽∼∼ ∼∽∼∼∼ ∼∼∽
∼∽∼ ∼∽∼∼≈∼ ∼∼∽∼∼ ≈∼∽∼∼∼∽ ∼∼≈∼∽∼∼ ∼∽∼∼∼ ∼∼∽∼≈∼∼∽∼ ∼∽∼∼≈∼ ∼∼∽∼∼ ≈∼∽∼∼∼∽ ∼∼≈∼∽∼∼ ∼∽∼∼∼ ∼∼∽∼≈∼∼∽∼ ∼∽∼∼≈∼ ∼∼∽∼∼ ≈∼∽∼∼∼∽ ∼∼≈∼∽∼∼ ∼∽∼∼∼ ∼∼∽∼≈∼∼∽∼ ∼∽∼∼≈∼ ∼∼∽∼∼ ≈∼∽∼∼∼∽ ∼∼≈∼∽∼∼ ∼∽∼∼∼ ∼∼∽∼≈∼∼∽∼ ∼∽∼∼≈∼ ∼∼∽∼∼ ≈∼∽∼∼∼∽ ∼∼≈∼∽∼∼ ∼∽∼∼∼ ∼∼∽∼≈∼
∼∽∼∼≈∼ ∼∼∽∼∼ ≈∼∽∼∼∼∽ ∼∼≈∼∽∼∼ ∼∽∼∼∼ ∼∼∽∼≈∼∼∽∼ ∼∽∼∼≈∼ ∼∼∽∼∼ ≈∼∽∼∼∼∽ ∼∼≈∼∽∼∼ ∼∽∼∼∼ ∼∼∽∼≈∼∼∽∼ ∼∽∼∼≈∼ ∼∼∽∼∼ ≈∼∽∼∼∼∽ ∼∼≈∼∽∼∼ ∼∽∼∼∼ ∼∼∽∼≈∼∼∽∼ ∼∽∼∼≈∼ ∼∼∽∼∼ ≈∼∽∼∼∼∽ ∼∼≈∼∽∼∼ ∼∽∼∼∼ ∼∼∽∼≈∼∼∽∼ ∼∽∼∼≈∼ ∼∼∽∼∼ ≈∼∽∼∼∼∽ ∼∼≈∼∽∼∼ ∼∽∼∼∼ ∼∼∽∼≈∼∼∽∼
∼∼≈∼ ∼∼∽∼∼ ≈∼∽∼∼∼∽ ∼∼≈∼∽∼∼ ∼∽∼∼∼ ∼∼∽∼≈∼∼∽∼ ∼∽∼∼≈∼ ∼∼∽∼∼ ≈∼∽∼∼∼∽ ∼∼≈∼∽∼∼ ∼∽∼∼∼ ∼∼∽∼≈∼∼∽∼ ∼∽∼∼≈∼ ∼∼∽∼∼ ≈∼∽∼∼∼∽ ∼∼≈∼∽∼∼ ∼∽∼∼∼ ∼∼∽∼≈∼∼∽∼ ∼∽∼∼≈∼ ∼∼∽∼∼ ≈∼∽∼∼∼∽ ∼∼≈∼∽∼∼ ∼∽∼∼∼ ∼∼∽∼≈∼∼∽∼ ∼∽∼∼≈∼ ∼∼∽∼∼ ≈∼∽∼∼∼∽ ∼∼≈∼∽∼∼ ∼∽∼∼∼ ∼∼∽∼≈∼∼∽∼ ∼∽
∼ ∼∼∽∼∼ ≈∼∽∼∼∼∽ ∼∼≈∼∽∼∼ ∼∽∼∼∼ ∼∼∽∼≈∼∼∽∼ ∼∽∼∼≈∼ ∼∼∽∼∼ ≈∼∽∼∼∼∽ ∼∼≈∼∽∼∼ ∼∽∼∼∼ ∼∼∽∼≈∼∼∽∼ ∼∽∼∼≈∼ ∼∼∽∼∼ ≈∼∽∼∼∼∽ ∼∼≈∼∽∼∼ ∼∽∼∼∼ ∼∼∽∼≈∼∼∽∼ ∼∽∼∼≈∼ ∼∼∽∼∼ ≈∼∽∼∼∼∽ ∼∼≈∼∽∼∼ ∼∽∼∼∼ ∼∼∽∼≈∼∼∽∼ ∼∽∼∼≈∼ ∼∼∽∼∼ ≈∼∽∼∼∼∽ ∼∼≈∼∽∼∼ ∼∽∼∼∼ ∼∼∽∼≈∼∼∽∼ ∼∽∼∼≈
∼∽∼∼ ≈∼∽∼∼∼∽ ∼∼≈∼∽∼∼ ∼∽∼∼∼ ∼∼∽∼≈∼∼∽∼ ∼∽∼∼≈∼ ∼∼∽∼∼ ≈∼∽∼∼∼∽ ∼∼≈∼∽∼∼ ∼∽∼∼∼ ∼∼∽∼≈∼∼∽∼ ∼∽∼∼≈∼ ∼∼∽∼∼ ≈∼∽∼∼∼∽ ∼∼≈∼∽∼∼ ∼∽∼∼∼ ∼∼∽∼≈∼∼∽∼ ∼∽∼∼≈∼ ∼∼∽∼∼ ≈∼∽∼∼∼∽ ∼∼≈∼∽∼∼ ∼∽∼∼∼ ∼∼∽∼≈∼∼∽∼ ∼∽∼∼≈∼ ∼∼∽∼∼ ≈∼∽∼∼∼∽ ∼∼≈∼∽∼∼ ∼∽∼∼∼ ∼∼∽∼≈∼∼∽∼ ∼∽∼∼≈∼ ∼
∼ ≈∼∽∼∼∼∽ ∼∼≈∼∽∼∼ ∼∽∼∼∼ ∼∼∽∼≈∼∼∽∼ ∼∽∼∼≈∼ ∼∼∽∼∼ ≈∼∽∼∼∼∽ ∼∼≈∼∽∼∼ ∼∽∼∼∼ ∼∼∽∼≈∼∼∽∼ ∼∽∼∼≈∼ ∼∼∽∼∼ ≈∼∽∼∼∼∽ ∼∼≈∼∽∼∼ ∼∽∼∼∼ ∼∼∽∼≈∼∼∽∼ ∼∽∼∼≈∼ ∼∼∽∼∼ ≈∼∽∼∼∼∽ ∼∼≈∼∽∼∼ ∼∽∼∼∼ ∼∼∽∼≈∼∼∽∼ ∼∽∼∼≈∼ ∼∼∽∼∼ ≈∼∽∼∼∼∽ ∼∼≈∼∽∼∼ ∼∽∼∼∼ ∼∼∽∼≈∼∼∽∼ ∼∽∼∼≈∼ ∼∼∽∼
∼∽∼∼∼∽ ∼∼≈∼∽∼∼ ∼∽∼∼∼ ∼∼∽∼≈∼∼∽∼ ∼∽∼∼≈∼ ∼∼∽∼∼ ≈∼∽∼∼∼∽ ∼∼≈∼∽∼∼ ∼∽∼∼∼ ∼∼∽∼≈∼∼∽∼ ∼∽∼∼≈∼ ∼∼∽∼∼ ≈∼∽∼∼∼∽ ∼∼≈∼∽∼∼ ∼∽∼∼∼ ∼∼∽∼≈∼∼∽∼ ∼∽∼∼≈∼ ∼∼∽∼∼ ≈∼∽∼∼∼∽ ∼∼≈∼∽∼∼ ∼∽∼∼∼ ∼∼∽∼≈∼∼∽∼ ∼∽∼∼≈∼ ∼∼∽∼∼ ≈∼∽∼∼∼∽ ∼∼≈∼∽∼∼ ∼∽∼∼∼ ∼∼∽∼≈∼∼∽∼ ∼∽∼∼≈∼ ∼∼∽∼∼ ≈
∼∼∽ ∼∼≈∼∽∼∼ ∼∽∼∼∼ ∼∼∽∼≈∼∼∽∼ ∼∽∼∼≈∼ ∼∼∽∼∼ ≈∼∽∼∼∼∽ ∼∼≈∼∽∼∼ ∼∽∼∼∼ ∼∼∽∼≈∼∼∽∼ ∼∽∼∼≈∼ ∼∼∽∼∼ ≈∼∽∼∼∼∽ ∼∼≈∼∽∼∼ ∼∽∼∼∼ ∼∼∽∼≈∼∼∽∼ ∼∽∼∼≈∼ ∼∼∽∼∼ ≈∼∽∼∼∼∽ ∼∼≈∼∽∼∼ ∼∽∼∼∼ ∼∼∽∼≈∼∼∽∼ ∼∽∼∼≈∼ ∼∼∽∼∼ ≈∼∽∼∼∼∽ ∼∼≈∼∽∼∼ ∼∽∼∼∼ ∼∼∽∼≈∼∼∽∼ ∼∽∼∼≈∼ ∼∼∽∼∼ ≈∼∽∼
∼∼≈∼∽∼∼ ∼∽∼∼∼ ∼∼∽∼≈∼∼∽∼ ∼∽∼∼≈∼ ∼∼∽∼∼ ≈∼∽∼∼∼∽ ∼∼≈∼∽∼∼ ∼∽∼∼∼ ∼∼∽∼≈∼∼∽∼ ∼∽∼∼≈∼ ∼∼∽∼∼ ≈∼∽∼∼∼∽ ∼∼≈∼∽∼∼ ∼∽∼∼∼ ∼∼∽∼≈∼∼∽∼ ∼∽∼∼≈∼ ∼∼∽∼∼ ≈∼∽∼∼∼∽ ∼∼≈∼∽∼∼ ∼∽∼∼∼ ∼∼∽∼≈∼∼∽∼ ∼∽∼∼≈∼ ∼∼∽∼∼ ≈∼∽∼∼∼∽ ∼∼≈∼∽∼∼ ∼∽∼∼∼ ∼∼∽∼≈∼∼∽∼ ∼∽∼∼≈∼ ∼∼∽∼∼ ≈∼∽∼∼∼∽
≈∼∽∼∼ ∼∽∼∼∼ ∼∼∽∼≈∼∼∽∼ ∼∽∼∼≈∼ ∼∼∽∼∼ ≈∼∽∼∼∼∽ ∼∼≈∼∽∼∼ ∼∽∼∼∼ ∼∼∽∼≈∼∼∽∼ ∼∽∼∼≈∼ ∼∼∽∼∼ ≈∼∽∼∼∼∽ ∼∼≈∼∽∼∼ ∼∽∼∼∼ ∼∼∽∼≈∼∼∽∼ ∼∽∼∼≈∼ ∼∼∽∼∼ ≈∼∽∼∼∼∽ ∼∼≈∼∽∼∼ ∼∽∼∼∼ ∼∼∽∼≈∼∼∽∼ ∼∽∼∼≈∼ ∼∼∽∼∼ ≈∼∽∼∼∼∽ ∼∼≈∼∽∼∼ ∼∽∼∼∼ ∼∼∽∼≈∼∼∽∼ ∼∽∼∼≈∼ ∼∼∽∼∼ ≈∼∽∼∼∼∽ ∼∼
∼∼ ∼∽∼∼∼ ∼∼∽∼≈∼∼∽∼ ∼∽∼∼≈∼ ∼∼∽∼∼ ≈∼∽∼∼∼∽ ∼∼≈∼∽∼∼ ∼∽∼∼∼ ∼∼∽∼≈∼∼∽∼ ∼∽∼∼≈∼ ∼∼∽∼∼ ≈∼∽∼∼∼∽ ∼∼≈∼∽∼∼ ∼∽∼∼∼ ∼∼∽∼≈∼∼∽∼ ∼∽∼∼≈∼ ∼∼∽∼∼ ≈∼∽∼∼∼∽ ∼∼≈∼∽∼∼ ∼∽∼∼∼ ∼∼∽∼≈∼∼∽∼ ∼∽∼∼≈∼ ∼∼∽∼∼ ≈∼∽∼∼∼∽ ∼∼≈∼∽∼∼ ∼∽∼∼∼ ∼∼∽∼≈∼∼∽∼ ∼∽∼∼≈∼ ∼∼∽∼∼ ≈∼∽∼∼∼∽ ∼∼≈∼∽
∼∽∼∼∼ ∼∼∽∼≈∼∼∽∼ ∼∽∼∼≈∼ ∼∼∽∼∼ ≈∼∽∼∼∼∽ ∼∼≈∼∽∼∼ ∼∽∼∼∼ ∼∼∽∼≈∼∼∽∼ ∼∽∼∼≈∼ ∼∼∽∼∼ ≈∼∽∼∼∼∽ ∼∼≈∼∽∼∼ ∼∽∼∼∼ ∼∼∽∼≈∼∼∽∼ ∼∽∼∼≈∼ ∼∼∽∼∼ ≈∼∽∼∼∼∽ ∼∼≈∼∽∼∼ ∼∽∼∼∼ ∼∼∽∼≈∼∼∽∼ ∼∽∼∼≈∼ ∼∼∽∼∼ ≈∼∽∼∼∼∽ ∼∼≈∼∽∼∼ ∼∽∼∼∼ ∼∼∽∼≈∼∼∽∼ ∼∽∼∼≈∼ ∼∼∽∼∼ ≈∼∽∼∼∼∽ ∼∼≈∼∽∼∼
≈∼∼∽∼ ∼∽∼∼≈∼ ∼∼∽∼∼ ≈∼∽∼∼∼∽ ∼∼≈∼∽∼∼ ∼∽∼∼∼ ∼∼∽∼≈∼∼∽∼ ∼∽∼∼≈∼ ∼∼∽∼∼ ≈∼∽∼∼∼∽ ∼∼≈∼∽∼∼ ∼∽∼∼∼ ∼∼∽∼≈∼∼∽∼ ∼∽∼∼≈∼ ∼∼∽∼∼ ≈∼∽∼∼∼∽ ∼∼≈∼∽∼∼ ∼∽∼∼∼ ∼∼∽∼≈∼∼∽∼ ∼∽∼∼≈∼ ∼∼∽∼∼ ≈∼∽∼∼∼∽ ∼∼≈∼∽∼∼ ∼∽∼∼∼ ∼∼∽∼≈∼∼∽∼ ∼∽∼∼≈∼ ∼∼∽∼∼ ≈∼∽∼∼∼∽ ∼∼≈∼∽∼∼ ∼∽∼∼∼ ∼∼∽∼
∽∼∼≈∼ ∼∼∽∼∼ ≈∼∽∼∼∼∽ ∼∼≈∼∽∼∼ ∼∽∼∼∼ ∼∼∽∼≈∼∼∽∼ ∼∽∼∼≈∼ ∼∼∽∼∼ ≈∼∽∼∼∼∽ ∼∼≈∼∽∼∼ ∼∽∼∼∼ ∼∼∽∼≈∼∼∽∼ ∼∽∼∼≈∼ ∼∼∽∼∼ ≈∼∽∼∼∼∽ ∼∼≈∼∽∼∼ ∼∽∼∼∼ ∼∼∽∼≈∼∼∽∼ ∼∽∼∼≈∼ ∼∼∽∼∼ ≈∼∽∼∼∼∽ ∼∼≈∼∽∼∼ ∼∽∼∼∼ ∼∼∽∼≈∼∼∽∼ ∼∽∼∼≈∼ ∼∼∽∼∼ ≈∼∽∼∼∼∽ ∼∼≈∼∽∼∼ ∼∽∼∼∼ ∼∼∽∼≈∼∼∽∼ ∼
∼∽∼∼ ≈∼∽∼∼∼∽ ∼∼≈∼∽∼∼ ∼∽∼∼∼ ∼∼∽∼≈∼∼∽∼ ∼∽∼∼≈∼ ∼∼∽∼∼ ≈∼∽∼∼∼∽ ∼∼≈∼∽∼∼ ∼∽∼∼∼ ∼∼∽∼≈∼∼∽∼ ∼∽∼∼≈∼ ∼∼∽∼∼ ≈∼∽∼∼∼∽ ∼∼≈∼∽∼∼ ∼∽∼∼∼ ∼∼∽∼≈∼∼∽∼ ∼∽∼∼≈∼ ∼∼∽∼∼ ≈∼∽∼∼∼∽ ∼∼≈∼∽∼∼ ∼∽∼∼∼ ∼∼∽∼≈∼∼∽∼ ∼∽∼∼≈∼ ∼∼∽∼∼ ≈∼∽∼∼∼∽ ∼∼≈∼∽∼∼ ∼∽∼∼∼ ∼∼∽∼≈∼∼∽∼ ∼∽∼∼≈∼ ∼
∼ ≈∼∽∼∼∼∽ ∼∼≈∼∽∼∼ ∼∽∼∼∼ ∼∼∽∼≈∼∼∽∼ ∼∽∼∼≈∼ ∼∼∽∼∼ ≈∼∽∼∼∼∽ ∼∼≈∼∽∼∼ ∼∽∼∼∼ ∼∼∽∼≈∼∼∽∼ ∼∽∼∼≈∼ ∼∼∽∼∼ ≈∼∽∼∼∼∽ ∼∼≈∼∽∼∼ ∼∽∼∼∼ ∼∼∽∼≈∼∼∽∼ ∼∽∼∼≈∼ ∼∼∽∼∼ ≈∼∽∼∼∼∽ ∼∼≈∼∽∼∼ ∼∽∼∼∼ ∼∼∽∼≈∼∼∽∼ ∼∽∼∼≈∼ ∼∼∽∼∼ ≈∼∽∼∼∼∽ ∼∼≈∼∽∼∼ ∼∽∼∼∼ ∼∼∽∼≈∼∼∽∼ ∼∽∼∼≈∼ ∼∼∽∼
∽∼∼∼∽ ∼∼≈∼∽∼∼ ∼∽∼∼∼ ∼∼∽∼≈∼∼∽∼ ∼∽∼∼≈∼ ∼∼∽∼∼ ≈∼∽∼∼∼∽ ∼∼≈∼∽∼∼ ∼∽∼∼∼ ∼∼∽∼≈∼∼∽∼ ∼∽∼∼≈∼ ∼∼∽∼∼ ≈∼∽∼∼∼∽ ∼∼≈∼∽∼∼ ∼∽∼∼∼ ∼∼∽∼≈∼∼∽∼ ∼∽∼∼≈∼ ∼∼∽∼∼ ≈∼∽∼∼∼∽ ∼∼≈∼∽∼∼ ∼∽∼∼∼ ∼∼∽∼≈∼∼∽∼ ∼∽∼∼≈∼ ∼∼∽∼∼ ≈∼∽∼∼∼∽ ∼∼≈∼∽∼∼ ∼∽∼∼∼ ∼∼∽∼≈∼∼∽∼ ∼∽∼∼≈∼ ∼∼∽∼∼ ≈∼
∼∽ ∼∼≈∼∽∼∼ ∼∽∼∼∼ ∼∼∽∼≈∼∼∽∼ ∼∽∼∼≈∼ ∼∼∽∼∼ ≈∼∽∼∼∼∽ ∼∼≈∼∽∼∼ ∼∽∼∼∼ ∼∼∽∼≈∼∼∽∼ ∼∽∼∼≈∼ ∼∼∽∼∼ ≈∼∽∼∼∼∽ ∼∼≈∼∽∼∼ ∼∽∼∼∼ ∼∼∽∼≈∼∼∽∼ ∼∽∼∼≈∼ ∼∼∽∼∼ ≈∼∽∼∼∼∽ ∼∼≈∼∽∼∼ ∼∽∼∼∼ ∼∼∽∼≈∼∼∽∼ ∼∽∼∼≈∼ ∼∼∽∼∼ ≈∼∽∼∼∼∽ ∼∼≈∼∽∼∼ ∼∽∼∼∼ ∼∼∽∼≈∼∼∽∼ ∼∽∼∼≈∼ ∼∼∽∼∼ ≈∼∽∼∼
∼∼≈∼∽∼∼ ∼∽∼∼∼ ∼∼∽∼≈∼∼∽∼ ∼∽∼∼≈∼ ∼∼∽∼∼ ≈∼∽∼∼∼∽ ∼∼≈∼∽∼∼ ∼∽∼∼∼ ∼∼∽∼≈∼∼∽∼ ∼∽∼∼≈∼ ∼∼∽∼∼ ≈∼∽∼∼∼∽ ∼∼≈∼∽∼∼ ∼∽∼∼∼ ∼∼∽∼≈∼∼∽∼ ∼∽∼∼≈∼ ∼∼∽∼∼ ≈∼∽∼∼∼∽ ∼∼≈∼∽∼∼ ∼∽∼∼∼ ∼∼∽∼≈∼∼∽∼ ∼∽∼∼≈∼ ∼∼∽∼∼ ≈∼∽∼∼∼∽ ∼∼≈∼∽∼∼ ∼∽∼∼∼ ∼∼∽∼≈∼∼∽∼ ∼∽∼∼≈∼ ∼∼∽∼∼ ≈∼∽∼∼∼∽
∼∽∼∼ ∼∽∼∼∼ ∼∼∽∼≈∼∼∽∼ ∼∽∼∼≈∼ ∼∼∽∼∼ ≈∼∽∼∼∼∽ ∼∼≈∼∽∼∼ ∼∽∼∼∼ ∼∼∽∼≈∼∼∽∼ ∼∽∼∼≈∼ ∼∼∽∼∼ ≈∼∽∼∼∼∽ ∼∼≈∼∽∼∼ ∼∽∼∼∼ ∼∼∽∼≈∼∼∽∼ ∼∽∼∼≈∼ ∼∼∽∼∼ ≈∼∽∼∼∼∽ ∼∼≈∼∽∼∼ ∼∽∼∼∼ ∼∼∽∼≈∼∼∽∼ ∼∽∼∼≈∼ ∼∼∽∼∼ ≈∼∽∼∼∼∽ ∼∼≈∼∽∼∼ ∼∽∼∼∼ ∼∼∽∼≈∼∼∽∼ ∼∽∼∼≈∼ ∼∼∽∼∼ ≈∼∽∼∼∼∽ ∼∼≈
∼≈∼∽∼∼ ∼∽∼∼∼ ∼∼∽∼≈∼∼∽∼ ∼∽∼∼≈∼ ∼∼∽∼∼ ≈∼∽∼∼∼∽ ∼∼≈∼∽∼∼ ∼∽∼∼∼ ∼∼∽∼≈∼∼∽∼ ∼∽∼∼≈∼ ∼∼∽∼∼ ≈∼∽∼∼∼∽ ∼∼≈∼∽∼∼ ∼∽∼∼∼ ∼∼∽∼≈∼∼∽∼ ∼∽∼∼≈∼ ∼∼∽∼∼ ≈∼∽∼∼∼∽ ∼∼≈∼∽∼∼ ∼∽∼∼∼ ∼∼∽∼≈∼∼∽∼ ∼∽∼∼≈∼ ∼∼∽∼∼ ≈∼∽∼∼∼∽ ∼∼≈∼∽∼∼ ∼∽∼∼∼ ∼∼∽∼≈∼∼∽∼ ∼∽∼∼≈∼ ∼∼∽∼∼ ≈∼∽∼∼∼∽ ∼
∼∽∼∼∼ ∼∼∽∼≈∼∼∽∼ ∼∽∼∼≈∼ ∼∼∽∼∼ ≈∼∽∼∼∼∽ ∼∼≈∼∽∼∼ ∼∽∼∼∼ ∼∼∽∼≈∼∼∽∼ ∼∽∼∼≈∼ ∼∼∽∼∼ ≈∼∽∼∼∼∽ ∼∼≈∼∽∼∼ ∼∽∼∼∼ ∼∼∽∼≈∼∼∽∼ ∼∽∼∼≈∼ ∼∼∽∼∼ ≈∼∽∼∼∼∽ ∼∼≈∼∽∼∼ ∼∽∼∼∼ ∼∼∽∼≈∼∼∽∼ ∼∽∼∼≈∼ ∼∼∽∼∼ ≈∼∽∼∼∼∽ ∼∼≈∼∽∼∼ ∼∽∼∼∼ ∼∼∽∼≈∼∼∽∼ ∼∽∼∼≈∼ ∼∼∽∼∼ ≈∼∽∼∼∼∽ ∼∼≈∼∽∼∼
∼∼ ∼∼∽∼≈∼∼∽∼ ∼∽∼∼≈∼ ∼∼∽∼∼ ≈∼∽∼∼∼∽ ∼∼≈∼∽∼∼ ∼∽∼∼∼ ∼∼∽∼≈∼∼∽∼ ∼∽∼∼≈∼ ∼∼∽∼∼ ≈∼∽∼∼∼∽ ∼∼≈∼∽∼∼ ∼∽∼∼∼ ∼∼∽∼≈∼∼∽∼ ∼∽∼∼≈∼ ∼∼∽∼∼ ≈∼∽∼∼∼∽ ∼∼≈∼∽∼∼ ∼∽∼∼∼ ∼∼∽∼≈∼∼∽∼ ∼∽∼∼≈∼ ∼∼∽∼∼ ≈∼∽∼∼∼∽ ∼∼≈∼∽∼∼ ∼∽∼∼∼ ∼∼∽∼≈∼∼∽∼ ∼∽∼∼≈∼ ∼∼∽∼∼ ≈∼∽∼∼∼∽ ∼∼≈∼∽∼∼ ∼∽∼
∼∼∽∼≈∼∼∽∼ ∼∽∼∼≈∼ ∼∼∽∼∼ ≈∼∽∼∼∼∽ ∼∼≈∼∽∼∼ ∼∽∼∼∼ ∼∼∽∼≈∼∼∽∼ ∼∽∼∼≈∼ ∼∼∽∼∼ ≈∼∽∼∼∼∽ ∼∼≈∼∽∼∼ ∼∽∼∼∼ ∼∼∽∼≈∼∼∽∼ ∼∽∼∼≈∼ ∼∼∽∼∼ ≈∼∽∼∼∼∽ ∼∼≈∼∽∼∼ ∼∽∼∼∼ ∼∼∽∼≈∼∼∽∼ ∼∽∼∼≈∼ ∼∼∽∼∼ ≈∼∽∼∼∼∽ ∼∼≈∼∽∼∼ ∼∽∼∼∼ ∼∼∽∼≈∼∼∽∼ ∼∽∼∼≈∼ ∼∼∽∼∼ ≈∼∽∼∼∼∽ ∼∼≈∼∽∼∼ ∼∽∼∼∼
∼∽∼≈∼∼∽∼ ∼∽∼∼≈∼ ∼∼∽∼∼ ≈∼∽∼∼∼∽ ∼∼≈∼∽∼∼ ∼∽∼∼∼ ∼∼∽∼≈∼∼∽∼ ∼∽∼∼≈∼ ∼∼∽∼∼ ≈∼∽∼∼∼∽ ∼∼≈∼∽∼∼ ∼∽∼∼∼ ∼∼∽∼≈∼∼∽∼ ∼∽∼∼≈∼ ∼∼∽∼∼ ≈∼∽∼∼∼∽ ∼∼≈∼∽∼∼ ∼∽∼∼∼ ∼∼∽∼≈∼∼∽∼ ∼∽∼∼≈∼ ∼∼∽∼∼ ≈∼∽∼∼∼∽ ∼∼≈∼∽∼∼ ∼∽∼∼∼ ∼∼∽∼≈∼∼∽∼ ∼∽∼∼≈∼ ∼∼∽∼∼ ≈∼∽∼∼∼∽ ∼∼≈∼∽∼∼ ∼∽∼∼∼ ∼
∼ ∼∽∼∼≈∼ ∼∼∽∼∼ ≈∼∽∼∼∼∽ ∼∼≈∼∽∼∼ ∼∽∼∼∼ ∼∼∽∼≈∼∼∽∼ ∼∽∼∼≈∼ ∼∼∽∼∼ ≈∼∽∼∼∼∽ ∼∼≈∼∽∼∼ ∼∽∼∼∼ ∼∼∽∼≈∼∼∽∼ ∼∽∼∼≈∼ ∼∼∽∼∼ ≈∼∽∼∼∼∽ ∼∼≈∼∽∼∼ ∼∽∼∼∼ ∼∼∽∼≈∼∼∽∼ ∼∽∼∼≈∼ ∼∼∽∼∼ ≈∼∽∼∼∼∽ ∼∼≈∼∽∼∼ ∼∽∼∼∼ ∼∼∽∼≈∼∼∽∼ ∼∽∼∼≈∼ ∼∼∽∼∼ ≈∼∽∼∼∼∽ ∼∼≈∼∽∼∼ ∼∽∼∼∼ ∼∼∽∼≈∼∼∽
∽∼∼≈∼ ∼∼∽∼∼ ≈∼∽∼∼∼∽ ∼∼≈∼∽∼∼ ∼∽∼∼∼ ∼∼∽∼≈∼∼∽∼ ∼∽∼∼≈∼ ∼∼∽∼∼ ≈∼∽∼∼∼∽ ∼∼≈∼∽∼∼ ∼∽∼∼∼ ∼∼∽∼≈∼∼∽∼ ∼∽∼∼≈∼ ∼∼∽∼∼ ≈∼∽∼∼∼∽ ∼∼≈∼∽∼∼ ∼∽∼∼∼ ∼∼∽∼≈∼∼∽∼ ∼∽∼∼≈∼ ∼∼∽∼∼ ≈∼∽∼∼∼∽ ∼∼≈∼∽∼∼ ∼∽∼∼∼ ∼∼∽∼≈∼∼∽∼ ∼∽∼∼≈∼ ∼∼∽∼∼ ≈∼∽∼∼∼∽ ∼∼≈∼∽∼∼ ∼∽∼∼∼ ∼∼∽∼≈∼∼∽∼ ∼
≈∼ ∼∼∽∼∼ ≈∼∽∼∼∼∽ ∼∼≈∼∽∼∼ ∼∽∼∼∼ ∼∼∽∼≈∼∼∽∼ ∼∽∼∼≈∼ ∼∼∽∼∼ ≈∼∽∼∼∼∽ ∼∼≈∼∽∼∼ ∼∽∼∼∼ ∼∼∽∼≈∼∼∽∼ ∼∽∼∼≈∼ ∼∼∽∼∼ ≈∼∽∼∼∼∽ ∼∼≈∼∽∼∼ ∼∽∼∼∼ ∼∼∽∼≈∼∼∽∼ ∼∽∼∼≈∼ ∼∼∽∼∼ ≈∼∽∼∼∼∽ ∼∼≈∼∽∼∼ ∼∽∼∼∼ ∼∼∽∼≈∼∼∽∼ ∼∽∼∼≈∼ ∼∼∽∼∼ ≈∼∽∼∼∼∽ ∼∼≈∼∽∼∼ ∼∽∼∼∼ ∼∼∽∼≈∼∼∽∼ ∼∽∼∼
∼∼∽∼∼ ≈∼∽∼∼∼∽ ∼∼≈∼∽∼∼ ∼∽∼∼∼ ∼∼∽∼≈∼∼∽∼ ∼∽∼∼≈∼ ∼∼∽∼∼ ≈∼∽∼∼∼∽ ∼∼≈∼∽∼∼ ∼∽∼∼∼ ∼∼∽∼≈∼∼∽∼ ∼∽∼∼≈∼ ∼∼∽∼∼ ≈∼∽∼∼∼∽ ∼∼≈∼∽∼∼ ∼∽∼∼∼ ∼∼∽∼≈∼∼∽∼ ∼∽∼∼≈∼ ∼∼∽∼∼ ≈∼∽∼∼∼∽ ∼∼≈∼∽∼∼ ∼∽∼∼∼ ∼∼∽∼≈∼∼∽∼ ∼∽∼∼≈∼ ∼∼∽∼∼ ≈∼∽∼∼∼∽ ∼∼≈∼∽∼∼ ∼∽∼∼∼ ∼∼∽∼≈∼∼∽∼ ∼∽∼∼≈∼
∼∼ ≈∼∽∼∼∼∽ ∼∼≈∼∽∼∼ ∼∽∼∼∼ ∼∼∽∼≈∼∼∽∼ ∼∽∼∼≈∼ ∼∼∽∼∼ ≈∼∽∼∼∼∽ ∼∼≈∼∽∼∼ ∼∽∼∼∼ ∼∼∽∼≈∼∼∽∼ ∼∽∼∼≈∼ ∼∼∽∼∼ ≈∼∽∼∼∼∽ ∼∼≈∼∽∼∼ ∼∽∼∼∼ ∼∼∽∼≈∼∼∽∼ ∼∽∼∼≈∼ ∼∼∽∼∼ ≈∼∽∼∼∼∽ ∼∼≈∼∽∼∼ ∼∽∼∼∼ ∼∼∽∼≈∼∼∽∼ ∼∽∼∼≈∼ ∼∼∽∼∼ ≈∼∽∼∼∼∽ ∼∼≈∼∽∼∼ ∼∽∼∼∼ ∼∼∽∼≈∼∼∽∼ ∼∽∼∼≈∼ ∼∼∽
≈∼∽∼∼∼∽ ∼∼≈∼∽∼∼ ∼∽∼∼∼ ∼∼∽∼≈∼∼∽∼ ∼∽∼∼≈∼ ∼∼∽∼∼ ≈∼∽∼∼∼∽ ∼∼≈∼∽∼∼ ∼∽∼∼∼ ∼∼∽∼≈∼∼∽∼ ∼∽∼∼≈∼ ∼∼∽∼∼ ≈∼∽∼∼∼∽ ∼∼≈∼∽∼∼ ∼∽∼∼∼ ∼∼∽∼≈∼∼∽∼ ∼∽∼∼≈∼ ∼∼∽∼∼ ≈∼∽∼∼∼∽ ∼∼≈∼∽∼∼ ∼∽∼∼∼ ∼∼∽∼≈∼∼∽∼ ∼∽∼∼≈∼ ∼∼∽∼∼ ≈∼∽∼∼∼∽ ∼∼≈∼∽∼∼ ∼∽∼∼∼ ∼∼∽∼≈∼∼∽∼ ∼∽∼∼≈∼ ∼∼∽∼∼
∼∼∼∽ ∼∼≈∼∽∼∼ ∼∽∼∼∼ ∼∼∽∼≈∼∼∽∼ ∼∽∼∼≈∼ ∼∼∽∼∼ ≈∼∽∼∼∼∽ ∼∼≈∼∽∼∼ ∼∽∼∼∼ ∼∼∽∼≈∼∼∽∼ ∼∽∼∼≈∼ ∼∼∽∼∼ ≈∼∽∼∼∼∽ ∼∼≈∼∽∼∼ ∼∽∼∼∼ ∼∼∽∼≈∼∼∽∼ ∼∽∼∼≈∼ ∼∼∽∼∼ ≈∼∽∼∼∼∽ ∼∼≈∼∽∼∼ ∼∽∼∼∼ ∼∼∽∼≈∼∼∽∼ ∼∽∼∼≈∼ ∼∼∽∼∼ ≈∼∽∼∼∼∽ ∼∼≈∼∽∼∼ ∼∽∼∼∼ ∼∼∽∼≈∼∼∽∼ ∼∽∼∼≈∼ ∼∼∽∼∼ ≈∼∽
∼ ∼∼∽∼∼ ≈∼∽∼∼∼∽ ∼∼≈∼∽∼∼ ∼∽∼∼∼ ∼∼∽∼≈∼∼∽∼ ∼∽∼∼≈∼ ∼∼∽∼∼ ≈∼∽∼∼∼∽ ∼∼≈∼∽∼∼ ∼∽∼∼∼ ∼∼∽∼≈∼∼∽∼ ∼∽∼∼≈∼ ∼∼∽∼∼ ≈∼∽∼∼∼∽ ∼∼≈∼∽∼∼ ∼∽∼∼∼ ∼∼∽∼≈∼∼∽∼ ∼∽∼∼≈∼ ∼∼∽∼∼ ≈∼∽∼∼∼∽ ∼∼≈∼∽∼∼ ∼∽∼∼∼ ∼∼∽∼≈∼∼∽∼ ∼∽∼∼≈∼ ∼∼∽∼∼ ≈∼∽∼∼∼∽ ∼∼≈∼∽∼∼ ∼∽∼∼∼ ∼∼∽∼≈∼∼∽∼ ∼∽∼∼≈
∼∽∼∼ ≈∼∽∼∼∼∽ ∼∼≈∼∽∼∼ ∼∽∼∼∼ ∼∼∽∼≈∼∼∽∼ ∼∽∼∼≈∼ ∼∼∽∼∼ ≈∼∽∼∼∼∽ ∼∼≈∼∽∼∼ ∼∽∼∼∼ ∼∼∽∼≈∼∼∽∼ ∼∽∼∼≈∼ ∼∼∽∼∼ ≈∼∽∼∼∼∽ ∼∼≈∼∽∼∼ ∼∽∼∼∼ ∼∼∽∼≈∼∼∽∼ ∼∽∼∼≈∼ ∼∼∽∼∼ ≈∼∽∼∼∼∽ ∼∼≈∼∽∼∼ ∼∽∼∼∼ ∼∼∽∼≈∼∼∽∼ ∼∽∼∼≈∼ ∼∼∽∼∼ ≈∼∽∼∼∼∽ ∼∼≈∼∽∼∼ ∼∽∼∼∼ ∼∼∽∼≈∼∼∽∼ ∼∽∼∼≈∼ ∼
∼ ≈∼∽∼∼∼∽ ∼∼≈∼∽∼∼ ∼∽∼∼∼ ∼∼∽∼≈∼∼∽∼ ∼∽∼∼≈∼ ∼∼∽∼∼ ≈∼∽∼∼∼∽ ∼∼≈∼∽∼∼ ∼∽∼∼∼ ∼∼∽∼≈∼∼∽∼ ∼∽∼∼≈∼ ∼∼∽∼∼ ≈∼∽∼∼∼∽ ∼∼≈∼∽∼∼ ∼∽∼∼∼ ∼∼∽∼≈∼∼∽∼ ∼∽∼∼≈∼ ∼∼∽∼∼ ≈∼∽∼∼∼∽ ∼∼≈∼∽∼∼ ∼∽∼∼∼ ∼∼∽∼≈∼∼∽∼ ∼∽∼∼≈∼ ∼∼∽∼∼ ≈∼∽∼∼∼∽ ∼∼≈∼∽∼∼ ∼∽∼∼∼ ∼∼∽∼≈∼∼∽∼ ∼∽∼∼≈∼ ∼∼∽∼
∼∽∼∼∼∽ ∼∼≈∼∽∼∼ ∼∽∼∼∼ ∼∼∽∼≈∼∼∽∼ ∼∽∼∼≈∼ ∼∼∽∼∼ ≈∼∽∼∼∼∽ ∼∼≈∼∽∼∼ ∼∽∼∼∼ ∼∼∽∼≈∼∼∽∼ ∼∽∼∼≈∼ ∼∼∽∼∼ ≈∼∽∼∼∼∽ ∼∼≈∼∽∼∼ ∼∽∼∼∼ ∼∼∽∼≈∼∼∽∼ ∼∽∼∼≈∼ ∼∼∽∼∼ ≈∼∽∼∼∼∽ ∼∼≈∼∽∼∼ ∼∽∼∼∼ ∼∼∽∼≈∼∼∽∼ ∼∽∼∼≈∼ ∼∼∽∼∼ ≈∼∽∼∼∼∽ ∼∼≈∼∽∼∼ ∼∽∼∼∼ ∼∼∽∼≈∼∼∽∼ ∼∽∼∼≈∼ ∼∼∽∼∼ ≈
∼∼∽ ∼∼≈∼∽∼∼ ∼∽∼∼∼ ∼∼∽∼≈∼∼∽∼ ∼∽∼∼≈∼ ∼∼∽∼∼ ≈∼∽∼∼∼∽ ∼∼≈∼∽∼∼ ∼∽∼∼∼ ∼∼∽∼≈∼∼∽∼ ∼∽∼∼≈∼ ∼∼∽∼∼ ≈∼∽∼∼∼∽ ∼∼≈∼∽∼∼ ∼∽∼∼∼ ∼∼∽∼≈∼∼∽∼ ∼∽∼∼≈∼ ∼∼∽∼∼ ≈∼∽∼∼∼∽ ∼∼≈∼∽∼∼ ∼∽∼∼∼ ∼∼∽∼≈∼∼∽∼ ∼∽∼∼≈∼ ∼∼∽∼∼ ≈∼∽∼∼∼∽ ∼∼≈∼∽∼∼ ∼∽∼∼∼ ∼∼∽∼≈∼∼∽∼ ∼∽∼∼≈∼ ∼∼∽∼∼ ≈∼∽∼
∼∼≈∼∽∼∼ ∼∽∼∼∼ ∼∼∽∼≈∼∼∽∼ ∼∽∼∼≈∼ ∼∼∽∼∼ ≈∼∽∼∼∼∽ ∼∼≈∼∽∼∼ ∼∽∼∼∼ ∼∼∽∼≈∼∼∽∼ ∼∽∼∼≈∼ ∼∼∽∼∼ ≈∼∽∼∼∼∽ ∼∼≈∼∽∼∼ ∼∽∼∼∼ ∼∼∽∼≈∼∼∽∼ ∼∽∼∼≈∼ ∼∼∽∼∼ ≈∼∽∼∼∼∽ ∼∼≈∼∽∼∼ ∼∽∼∼∼ ∼∼∽∼≈∼∼∽∼ ∼∽∼∼≈∼ ∼∼∽∼∼ ≈∼∽∼∼∼∽ ∼∼≈∼∽∼∼ ∼∽∼∼∼ ∼∼∽∼≈∼∼∽∼ ∼∽∼∼≈∼ ∼∼∽∼∼ ≈∼∽∼∼∼∽
≈∼∽∼∼ ∼∽∼∼∼ ∼∼∽∼≈∼∼∽∼ ∼∽∼∼≈∼ ∼∼∽∼∼ ≈∼∽∼∼∼∽ ∼∼≈∼∽∼∼ ∼∽∼∼∼ ∼∼∽∼≈∼∼∽∼ ∼∽∼∼≈∼ ∼∼∽∼∼ ≈∼∽∼∼∼∽ ∼∼≈∼∽∼∼ ∼∽∼∼∼ ∼∼∽∼≈∼∼∽∼ ∼∽∼∼≈∼ ∼∼∽∼∼ ≈∼∽∼∼∼∽ ∼∼≈∼∽∼∼ ∼∽∼∼∼ ∼∼∽∼≈∼∼∽∼ ∼∽∼∼≈∼ ∼∼∽∼∼ ≈∼∽∼∼∼∽ ∼∼≈∼∽∼∼ ∼∽∼∼∼ ∼∼∽∼≈∼∼∽∼ ∼∽∼∼≈∼ ∼∼∽∼∼ ≈∼∽∼∼∼∽ ∼∼
∼∼ ∼∽∼∼∼ ∼∼∽∼≈∼∼∽∼ ∼∽∼∼≈∼ ∼∼∽∼∼ ≈∼∽∼∼∼∽ ∼∼≈∼∽∼∼ ∼∽∼∼∼ ∼∼∽∼≈∼∼∽∼ ∼∽∼∼≈∼ ∼∼∽∼∼ ≈∼∽∼∼∼∽ ∼∼≈∼∽∼∼ ∼∽∼∼∼ ∼∼∽∼≈∼∼∽∼ ∼∽∼∼≈∼ ∼∼∽∼∼ ≈∼∽∼∼∼∽ ∼∼≈∼∽∼∼ ∼∽∼∼∼ ∼∼∽∼≈∼∼∽∼ ∼∽∼∼≈∼ ∼∼∽∼∼ ≈∼∽∼∼∼∽ ∼∼≈∼∽∼∼ ∼∽∼∼∼ ∼∼∽∼≈∼∼∽∼ ∼∽∼∼≈∼ ∼∼∽∼∼ ≈∼∽∼∼∼∽ ∼∼≈∼∽
∼∽∼∼∼ ∼∼∽∼≈∼∼∽∼ ∼∽∼∼≈∼ ∼∼∽∼∼ ≈∼∽∼∼∼∽ ∼∼≈∼∽∼∼ ∼∽∼∼∼ ∼∼∽∼≈∼∼∽∼ ∼∽∼∼≈∼ ∼∼∽∼∼ ≈∼∽∼∼∼∽ ∼∼≈∼∽∼∼ ∼∽∼∼∼ ∼∼∽∼≈∼∼∽∼ ∼∽∼∼≈∼ ∼∼∽∼∼ ≈∼∽∼∼∼∽ ∼∼≈∼∽∼∼ ∼∽∼∼∼ ∼∼∽∼≈∼∼∽∼ ∼∽∼∼≈∼ ∼∼∽∼∼ ≈∼∽∼∼∼∽ ∼∼≈∼∽∼∼ ∼∽∼∼∼ ∼∼∽∼≈∼∼∽∼ ∼∽∼∼≈∼ ∼∼∽∼∼ ≈∼∽∼∼∼∽ ∼∼≈∼∽∼∼
≈∼∽∼∼∼∽ ∼∼≈∼∽∼∼ ∼∽∼∼∼ ∼∼∽∼≈∼∼∽∼ ∼∽∼∼≈∼ ∼∼∽∼∼ ≈∼∽∼∼∼∽ ∼∼≈∼∽∼∼ ∼∽∼∼∼ ∼∼∽∼≈∼∼∽∼ ∼∽∼∼≈∼ ∼∼∽∼∼ ≈∼∽∼∼∼∽ ∼∼≈∼∽∼∼ ∼∽∼∼∼ ∼∼∽∼≈∼∼∽∼ ∼∽∼∼≈∼ ∼∼∽∼∼ ≈∼∽∼∼∼∽ ∼∼≈∼∽∼∼ ∼∽∼∼∼ ∼∼∽∼≈∼∼∽∼ ∼∽∼∼≈∼ ∼∼∽∼∼ ≈∼∽∼∼∼∽ ∼∼≈∼∽∼∼ ∼∽∼∼∼ ∼∼∽∼≈∼∼∽∼ ∼∽∼∼≈∼ ∼∼∽∼∼
∽ ∼∼≈∼∽∼∼ ∼∽∼∼∼ ∼∼∽∼≈∼∼∽∼ ∼∽∼∼≈∼ ∼∼∽∼∼ ≈∼∽∼∼∼∽ ∼∼≈∼∽∼∼ ∼∽∼∼∼ ∼∼∽∼≈∼∼∽∼ ∼∽∼∼≈∼ ∼∼∽∼∼ ≈∼∽∼∼∼∽ ∼∼≈∼∽∼∼ ∼∽∼∼∼ ∼∼∽∼≈∼∼∽∼ ∼∽∼∼≈∼ ∼∼∽∼∼ ≈∼∽∼∼∼∽ ∼∼≈∼∽∼∼ ∼∽∼∼∼ ∼∼∽∼≈∼∼∽∼ ∼∽∼∼≈∼ ∼∼∽∼∼ ≈∼∽∼∼∼∽ ∼∼≈∼∽∼∼ ∼∽∼∼∼ ∼∼∽∼≈∼∼∽∼ ∼∽∼∼≈∼ ∼∼∽∼∼ ≈∼∽∼∼∼
∼≈∼∽∼∼ ∼∽∼∼∼ ∼∼∽∼≈∼∼∽∼ ∼∽∼∼≈∼ ∼∼∽∼∼ ≈∼∽∼∼∼∽ ∼∼≈∼∽∼∼ ∼∽∼∼∼ ∼∼∽∼≈∼∼∽∼ ∼∽∼∼≈∼ ∼∼∽∼∼ ≈∼∽∼∼∼∽ ∼∼≈∼∽∼∼ ∼∽∼∼∼ ∼∼∽∼≈∼∼∽∼ ∼∽∼∼≈∼ ∼∼∽∼∼ ≈∼∽∼∼∼∽ ∼∼≈∼∽∼∼ ∼∽∼∼∼ ∼∼∽∼≈∼∼∽∼ ∼∽∼∼≈∼ ∼∼∽∼∼ ≈∼∽∼∼∼∽ ∼∼≈∼∽∼∼ ∼∽∼∼∼ ∼∼∽∼≈∼∼∽∼ ∼∽∼∼≈∼ ∼∼∽∼∼ ≈∼∽∼∼∼∽ ∼
∽∼∼ ∼∽∼∼∼ ∼∼∽∼≈∼∼∽∼ ∼∽∼∼≈∼ ∼∼∽∼∼ ≈∼∽∼∼∼∽ ∼∼≈∼∽∼∼ ∼∽∼∼∼ ∼∼∽∼≈∼∼∽∼ ∼∽∼∼≈∼ ∼∼∽∼∼ ≈∼∽∼∼∼∽ ∼∼≈∼∽∼∼ ∼∽∼∼∼ ∼∼∽∼≈∼∼∽∼ ∼∽∼∼≈∼ ∼∼∽∼∼ ≈∼∽∼∼∼∽ ∼∼≈∼∽∼∼ ∼∽∼∼∼ ∼∼∽∼≈∼∼∽∼ ∼∽∼∼≈∼ ∼∼∽∼∼ ≈∼∽∼∼∼∽ ∼∼≈∼∽∼∼ ∼∽∼∼∼ ∼∼∽∼≈∼∼∽∼ ∼∽∼∼≈∼ ∼∼∽∼∼ ≈∼∽∼∼∼∽ ∼∼≈∼
∼∽∼∼∼ ∼∼∽∼≈∼∼∽∼ ∼∽∼∼≈∼ ∼∼∽∼∼ ≈∼∽∼∼∼∽ ∼∼≈∼∽∼∼ ∼∽∼∼∼ ∼∼∽∼≈∼∼∽∼ ∼∽∼∼≈∼ ∼∼∽∼∼ ≈∼∽∼∼∼∽ ∼∼≈∼∽∼∼ ∼∽∼∼∼ ∼∼∽∼≈∼∼∽∼ ∼∽∼∼≈∼ ∼∼∽∼∼ ≈∼∽∼∼∼∽ ∼∼≈∼∽∼∼ ∼∽∼∼∼ ∼∼∽∼≈∼∼∽∼ ∼∽∼∼≈∼ ∼∼∽∼∼ ≈∼∽∼∼∼∽ ∼∼≈∼∽∼∼ ∼∽∼∼∼ ∼∼∽∼≈∼∼∽∼ ∼∽∼∼≈∼ ∼∼∽∼∼ ≈∼∽∼∼∼∽ ∼∼≈∼∽∼∼
∼∼ ∼∽∼∼∼ ∼∼∽∼≈∼∼∽∼ ∼∽∼∼≈∼ ∼∼∽∼∼ ≈∼∽∼∼∼∽ ∼∼≈∼∽∼∼ ∼∽∼∼∼ ∼∼∽∼≈∼∼∽∼ ∼∽∼∼≈∼ ∼∼∽∼∼ ≈∼∽∼∼∼∽ ∼∼≈∼∽∼∼ ∼∽∼∼∼ ∼∼∽∼≈∼∼∽∼ ∼∽∼∼≈∼ ∼∼∽∼∼ ≈∼∽∼∼∼∽ ∼∼≈∼∽∼∼ ∼∽∼∼∼ ∼∼∽∼≈∼∼∽∼ ∼∽∼∼≈∼ ∼∼∽∼∼ ≈∼∽∼∼∼∽ ∼∼≈∼∽∼∼ ∼∽∼∼∼ ∼∼∽∼≈∼∼∽∼ ∼∽∼∼≈∼ ∼∼∽∼∼ ≈∼∽∼∼∼∽ ∼∼≈∼∽
∼∽∼∼∼ ∼∼∽∼≈∼∼∽∼ ∼∽∼∼≈∼ ∼∼∽∼∼ ≈∼∽∼∼∼∽ ∼∼≈∼∽∼∼ ∼∽∼∼∼ ∼∼∽∼≈∼∼∽∼ ∼∽∼∼≈∼ ∼∼∽∼∼ ≈∼∽∼∼∼∽ ∼∼≈∼∽∼∼ ∼∽∼∼∼ ∼∼∽∼≈∼∼∽∼ ∼∽∼∼≈∼ ∼∼∽∼∼ ≈∼∽∼∼∼∽ ∼∼≈∼∽∼∼ ∼∽∼∼∼ ∼∼∽∼≈∼∼∽∼ ∼∽∼∼≈∼ ∼∼∽∼∼ ≈∼∽∼∼∼∽ ∼∼≈∼∽∼∼ ∼∽∼∼∼ ∼∼∽∼≈∼∼∽∼ ∼∽∼∼≈∼ ∼∼∽∼∼ ≈∼∽∼∼∼∽ ∼∼≈∼∽∼∼
∼∼ ∼∼∽∼≈∼∼∽∼ ∼∽∼∼≈∼ ∼∼∽∼∼ ≈∼∽∼∼∼∽ ∼∼≈∼∽∼∼ ∼∽∼∼∼ ∼∼∽∼≈∼∼∽∼ ∼∽∼∼≈∼ ∼∼∽∼∼ ≈∼∽∼∼∼∽ ∼∼≈∼∽∼∼ ∼∽∼∼∼ ∼∼∽∼≈∼∼∽∼ ∼∽∼∼≈∼ ∼∼∽∼∼ ≈∼∽∼∼∼∽ ∼∼≈∼∽∼∼ ∼∽∼∼∼ ∼∼∽∼≈∼∼∽∼ ∼∽∼∼≈∼ ∼∼∽∼∼ ≈∼∽∼∼∼∽ ∼∼≈∼∽∼∼ ∼∽∼∼∼ ∼∼∽∼≈∼∼∽∼ ∼∽∼∼≈∼ ∼∼∽∼∼ ≈∼∽∼∼∼∽ ∼∼≈∼∽∼∼ ∼∽∼
∼ ∼∼∽∼≈∼∼∽∼ ∼∽∼∼≈∼ ∼∼∽∼∼ ≈∼∽∼∼∼∽ ∼∼≈∼∽∼∼ ∼∽∼∼∼ ∼∼∽∼≈∼∼∽∼ ∼∽∼∼≈∼ ∼∼∽∼∼ ≈∼∽∼∼∼∽ ∼∼≈∼∽∼∼ ∼∽∼∼∼ ∼∼∽∼≈∼∼∽∼ ∼∽∼∼≈∼ ∼∼∽∼∼ ≈∼∽∼∼∼∽ ∼∼≈∼∽∼∼ ∼∽∼∼∼ ∼∼∽∼≈∼∼∽∼ ∼∽∼∼≈∼ ∼∼∽∼∼ ≈∼∽∼∼∼∽ ∼∼≈∼∽∼∼ ∼∽∼∼∼ ∼∼∽∼≈∼∼∽∼ ∼∽∼∼≈∼ ∼∼∽∼∼ ≈∼∽∼∼∼∽ ∼∼≈∼∽∼∼ ∼∽∼∼
∼∼∽∼ ∼∽∼∼≈∼ ∼∼∽∼∼ ≈∼∽∼∼∼∽ ∼∼≈∼∽∼∼ ∼∽∼∼∼ ∼∼∽∼≈∼∼∽∼ ∼∽∼∼≈∼ ∼∼∽∼∼ ≈∼∽∼∼∼∽ ∼∼≈∼∽∼∼ ∼∽∼∼∼ ∼∼∽∼≈∼∼∽∼ ∼∽∼∼≈∼ ∼∼∽∼∼ ≈∼∽∼∼∼∽ ∼∼≈∼∽∼∼ ∼∽∼∼∼ ∼∼∽∼≈∼∼∽∼ ∼∽∼∼≈∼ ∼∼∽∼∼ ≈∼∽∼∼∼∽ ∼∼≈∼∽∼∼ ∼∽∼∼∼ ∼∼∽∼≈∼∼∽∼ ∼∽∼∼≈∼ ∼∼∽∼∼ ≈∼∽∼∼∼∽ ∼∼≈∼∽∼∼ ∼∽∼∼∼ ∼∼∽∼≈
∼∼≈∼ ∼∼∽∼∼ ≈∼∽∼∼∼∽ ∼∼≈∼∽∼∼ ∼∽∼∼∼ ∼∼∽∼≈∼∼∽∼ ∼∽∼∼≈∼ ∼∼∽∼∼ ≈∼∽∼∼∼∽ ∼∼≈∼∽∼∼ ∼∽∼∼∼ ∼∼∽∼≈∼∼∽∼ ∼∽∼∼≈∼ ∼∼∽∼∼ ≈∼∽∼∼∼∽ ∼∼≈∼∽∼∼ ∼∽∼∼∼ ∼∼∽∼≈∼∼∽∼ ∼∽∼∼≈∼ ∼∼∽∼∼ ≈∼∽∼∼∼∽ ∼∼≈∼∽∼∼ ∼∽∼∼∼ ∼∼∽∼≈∼∼∽∼ ∼∽∼∼≈∼ ∼∼∽∼∼ ≈∼∽∼∼∼∽ ∼∼≈∼∽∼∼ ∼∽∼∼∼ ∼∼∽∼≈∼∼∽∼ ∼∽
∼ ∼∼∽∼∼ ≈∼∽∼∼∼∽ ∼∼≈∼∽∼∼ ∼∽∼∼∼ ∼∼∽∼≈∼∼∽∼ ∼∽∼∼≈∼ ∼∼∽∼∼ ≈∼∽∼∼∼∽ ∼∼≈∼∽∼∼ ∼∽∼∼∼ ∼∼∽∼≈∼∼∽∼ ∼∽∼∼≈∼ ∼∼∽∼∼ ≈∼∽∼∼∼∽ ∼∼≈∼∽∼∼ ∼∽∼∼∼ ∼∼∽∼≈∼∼∽∼ ∼∽∼∼≈∼ ∼∼∽∼∼ ≈∼∽∼∼∼∽ ∼∼≈∼∽∼∼ ∼∽∼∼∼ ∼∼∽∼≈∼∼∽∼ ∼∽∼∼≈∼ ∼∼∽∼∼ ≈∼∽∼∼∼∽ ∼∼≈∼∽∼∼ ∼∽∼∼∼ ∼∼∽∼≈∼∼∽∼ ∼∽∼∼≈
∽∼∼ ≈∼∽∼∼∼∽ ∼∼≈∼∽∼∼ ∼∽∼∼∼ ∼∼∽∼≈∼∼∽∼ ∼∽∼∼≈∼ ∼∼∽∼∼ ≈∼∽∼∼∼∽ ∼∼≈∼∽∼∼ ∼∽∼∼∼ ∼∼∽∼≈∼∼∽∼ ∼∽∼∼≈∼ ∼∼∽∼∼ ≈∼∽∼∼∼∽ ∼∼≈∼∽∼∼ ∼∽∼∼∼ ∼∼∽∼≈∼∼∽∼ ∼∽∼∼≈∼ ∼∼∽∼∼ ≈∼∽∼∼∼∽ ∼∼≈∼∽∼∼ ∼∽∼∼∼ ∼∼∽∼≈∼∼∽∼ ∼∽∼∼≈∼ ∼∼∽∼∼ ≈∼∽∼∼∼∽ ∼∼≈∼∽∼∼ ∼∽∼∼∼ ∼∼∽∼≈∼∼∽∼ ∼∽∼∼≈∼ ∼∼
≈∼∽∼∼∼∽ ∼∼≈∼∽∼∼ ∼∽∼∼∼ ∼∼∽∼≈∼∼∽∼ ∼∽∼∼≈∼ ∼∼∽∼∼ ≈∼∽∼∼∼∽ ∼∼≈∼∽∼∼ ∼∽∼∼∼ ∼∼∽∼≈∼∼∽∼ ∼∽∼∼≈∼ ∼∼∽∼∼ ≈∼∽∼∼∼∽ ∼∼≈∼∽∼∼ ∼∽∼∼∼ ∼∼∽∼≈∼∼∽∼ ∼∽∼∼≈∼ ∼∼∽∼∼ ≈∼∽∼∼∼∽ ∼∼≈∼∽∼∼ ∼∽∼∼∼ ∼∼∽∼≈∼∼∽∼ ∼∽∼∼≈∼ ∼∼∽∼∼ ≈∼∽∼∼∼∽ ∼∼≈∼∽∼∼ ∼∽∼∼∼ ∼∼∽∼≈∼∼∽∼ ∼∽∼∼≈∼ ∼∼∽∼∼
∽∼∼∼∽ ∼∼≈∼∽∼∼ ∼∽∼∼∼ ∼∼∽∼≈∼∼∽∼ ∼∽∼∼≈∼ ∼∼∽∼∼ ≈∼∽∼∼∼∽ ∼∼≈∼∽∼∼ ∼∽∼∼∼ ∼∼∽∼≈∼∼∽∼ ∼∽∼∼≈∼ ∼∼∽∼∼ ≈∼∽∼∼∼∽ ∼∼≈∼∽∼∼ ∼∽∼∼∼ ∼∼∽∼≈∼∼∽∼ ∼∽∼∼≈∼ ∼∼∽∼∼ ≈∼∽∼∼∼∽ ∼∼≈∼∽∼∼ ∼∽∼∼∼ ∼∼∽∼≈∼∼∽∼ ∼∽∼∼≈∼ ∼∼∽∼∼ ≈∼∽∼∼∼∽ ∼∼≈∼∽∼∼ ∼∽∼∼∼ ∼∼∽∼≈∼∼∽∼ ∼∽∼∼≈∼ ∼∼∽∼∼ ≈∼
∼∽ ∼∼≈∼∽∼∼ ∼∽∼∼∼ ∼∼∽∼≈∼∼∽∼ ∼∽∼∼≈∼ ∼∼∽∼∼ ≈∼∽∼∼∼∽ ∼∼≈∼∽∼∼ ∼∽∼∼∼ ∼∼∽∼≈∼∼∽∼ ∼∽∼∼≈∼ ∼∼∽∼∼ ≈∼∽∼∼∼∽ ∼∼≈∼∽∼∼ ∼∽∼∼∼ ∼∼∽∼≈∼∼∽∼ ∼∽∼∼≈∼ ∼∼∽∼∼ ≈∼∽∼∼∼∽ ∼∼≈∼∽∼∼ ∼∽∼∼∼ ∼∼∽∼≈∼∼∽∼ ∼∽∼∼≈∼ ∼∼∽∼∼ ≈∼∽∼∼∼∽ ∼∼≈∼∽∼∼ ∼∽∼∼∼ ∼∼∽∼≈∼∼∽∼ ∼∽∼∼≈∼ ∼∼∽∼∼ ≈∼∽∼∼
∼∼≈∼∽∼∼ ∼∽∼∼∼ ∼∼∽∼≈∼∼∽∼ ∼∽∼∼≈∼ ∼∼∽∼∼ ≈∼∽∼∼∼∽ ∼∼≈∼∽∼∼ ∼∽∼∼∼ ∼∼∽∼≈∼∼∽∼ ∼∽∼∼≈∼ ∼∼∽∼∼ ≈∼∽∼∼∼∽ ∼∼≈∼∽∼∼ ∼∽∼∼∼ ∼∼∽∼≈∼∼∽∼ ∼∽∼∼≈∼ ∼∼∽∼∼ ≈∼∽∼∼∼∽ ∼∼≈∼∽∼∼ ∼∽∼∼∼ ∼∼∽∼≈∼∼∽∼ ∼∽∼∼≈∼ ∼∼∽∼∼ ≈∼∽∼∼∼∽ ∼∼≈∼∽∼∼ ∼∽∼∼∼ ∼∼∽∼≈∼∼∽∼ ∼∽∼∼≈∼ ∼∼∽∼∼ ≈∼∽∼∼∼∽
∼∽∼∼ ∼∽∼∼∼ ∼∼∽∼≈∼∼∽∼ ∼∽∼∼≈∼ ∼∼∽∼∼ ≈∼∽∼∼∼∽ ∼∼≈∼∽∼∼ ∼∽∼∼∼ ∼∼∽∼≈∼∼∽∼ ∼∽∼∼≈∼ ∼∼∽∼∼ ≈∼∽∼∼∼∽ ∼∼≈∼∽∼∼ ∼∽∼∼∼ ∼∼∽∼≈∼∼∽∼ ∼∽∼∼≈∼ ∼∼∽∼∼ ≈∼∽∼∼∼∽ ∼∼≈∼∽∼∼ ∼∽∼∼∼ ∼∼∽∼≈∼∼∽∼ ∼∽∼∼≈∼ ∼∼∽∼∼ ≈∼∽∼∼∼∽ ∼∼≈∼∽∼∼ ∼∽∼∼∼ ∼∼∽∼≈∼∼∽∼ ∼∽∼∼≈∼ ∼∼∽∼∼ ≈∼∽∼∼∼∽ ∼∼≈
∼ ∼∽∼∼∼ ∼∼∽∼≈∼∼∽∼ ∼∽∼∼≈∼ ∼∼∽∼∼ ≈∼∽∼∼∼∽ ∼∼≈∼∽∼∼ ∼∽∼∼∼ ∼∼∽∼≈∼∼∽∼ ∼∽∼∼≈∼ ∼∼∽∼∼ ≈∼∽∼∼∼∽ ∼∼≈∼∽∼∼ ∼∽∼∼∼ ∼∼∽∼≈∼∼∽∼ ∼∽∼∼≈∼ ∼∼∽∼∼ ≈∼∽∼∼∼∽ ∼∼≈∼∽∼∼ ∼∽∼∼∼ ∼∼∽∼≈∼∼∽∼ ∼∽∼∼≈∼ ∼∼∽∼∼ ≈∼∽∼∼∼∽ ∼∼≈∼∽∼∼ ∼∽∼∼∼ ∼∼∽∼≈∼∼∽∼ ∼∽∼∼≈∼ ∼∼∽∼∼ ≈∼∽∼∼∼∽ ∼∼≈∼∽∼
∽∼∼∼ ∼∼∽∼≈∼∼∽∼ ∼∽∼∼≈∼ ∼∼∽∼∼ ≈∼∽∼∼∼∽ ∼∼≈∼∽∼∼ ∼∽∼∼∼ ∼∼∽∼≈∼∼∽∼ ∼∽∼∼≈∼ ∼∼∽∼∼ ≈∼∽∼∼∼∽ ∼∼≈∼∽∼∼ ∼∽∼∼∼ ∼∼∽∼≈∼∼∽∼ ∼∽∼∼≈∼ ∼∼∽∼∼ ≈∼∽∼∼∼∽ ∼∼≈∼∽∼∼ ∼∽∼∼∼ ∼∼∽∼≈∼∼∽∼ ∼∽∼∼≈∼ ∼∼∽∼∼ ≈∼∽∼∼∼∽ ∼∼≈∼∽∼∼ ∼∽∼∼∼ ∼∼∽∼≈∼∼∽∼ ∼∽∼∼≈∼ ∼∼∽∼∼ ≈∼∽∼∼∼∽ ∼∼≈∼∽∼∼ ∼
∼∼∼∽ ∼∼≈∼∽∼∼ ∼∽∼∼∼ ∼∼∽∼≈∼∼∽∼ ∼∽∼∼≈∼ ∼∼∽∼∼ ≈∼∽∼∼∼∽ ∼∼≈∼∽∼∼ ∼∽∼∼∼ ∼∼∽∼≈∼∼∽∼ ∼∽∼∼≈∼ ∼∼∽∼∼ ≈∼∽∼∼∼∽ ∼∼≈∼∽∼∼ ∼∽∼∼∼ ∼∼∽∼≈∼∼∽∼ ∼∽∼∼≈∼ ∼∼∽∼∼ ≈∼∽∼∼∼∽ ∼∼≈∼∽∼∼ ∼∽∼∼∼ ∼∼∽∼≈∼∼∽∼ ∼∽∼∼≈∼ ∼∼∽∼∼ ≈∼∽∼∼∼∽ ∼∼≈∼∽∼∼ ∼∽∼∼∼ ∼∼∽∼≈∼∼∽∼ ∼∽∼∼≈∼ ∼∼∽∼∼ ≈∼∽
∽ ∼∼≈∼∽∼∼ ∼∽∼∼∼ ∼∼∽∼≈∼∼∽∼ ∼∽∼∼≈∼ ∼∼∽∼∼ ≈∼∽∼∼∼∽ ∼∼≈∼∽∼∼ ∼∽∼∼∼ ∼∼∽∼≈∼∼∽∼ ∼∽∼∼≈∼ ∼∼∽∼∼ ≈∼∽∼∼∼∽ ∼∼≈∼∽∼∼ ∼∽∼∼∼ ∼∼∽∼≈∼∼∽∼ ∼∽∼∼≈∼ ∼∼∽∼∼ ≈∼∽∼∼∼∽ ∼∼≈∼∽∼∼ ∼∽∼∼∼ ∼∼∽∼≈∼∼∽∼ ∼∽∼∼≈∼ ∼∼∽∼∼ ≈∼∽∼∼∼∽ ∼∼≈∼∽∼∼ ∼∽∼∼∼ ∼∼∽∼≈∼∼∽∼ ∼∽∼∼≈∼ ∼∼∽∼∼ ≈∼∽∼∼∼
∼≈∼∽∼∼ ∼∽∼∼∼ ∼∼∽∼≈∼∼∽∼ ∼∽∼∼≈∼ ∼∼∽∼∼ ≈∼∽∼∼∼∽ ∼∼≈∼∽∼∼ ∼∽∼∼∼ ∼∼∽∼≈∼∼∽∼ ∼∽∼∼≈∼ ∼∼∽∼∼ ≈∼∽∼∼∼∽ ∼∼≈∼∽∼∼ ∼∽∼∼∼ ∼∼∽∼≈∼∼∽∼ ∼∽∼∼≈∼ ∼∼∽∼∼ ≈∼∽∼∼∼∽ ∼∼≈∼∽∼∼ ∼∽∼∼∼ ∼∼∽∼≈∼∼∽∼ ∼∽∼∼≈∼ ∼∼∽∼∼ ≈∼∽∼∼∼∽ ∼∼≈∼∽∼∼ ∼∽∼∼∼ ∼∼∽∼≈∼∼∽∼ ∼∽∼∼≈∼ ∼∼∽∼∼ ≈∼∽∼∼∼∽ ∼
∽∼∼ ∼∽∼∼∼ ∼∼∽∼≈∼∼∽∼ ∼∽∼∼≈∼ ∼∼∽∼∼ ≈∼∽∼∼∼∽ ∼∼≈∼∽∼∼ ∼∽∼∼∼ ∼∼∽∼≈∼∼∽∼ ∼∽∼∼≈∼ ∼∼∽∼∼ ≈∼∽∼∼∼∽ ∼∼≈∼∽∼∼ ∼∽∼∼∼ ∼∼∽∼≈∼∼∽∼ ∼∽∼∼≈∼ ∼∼∽∼∼ ≈∼∽∼∼∼∽ ∼∼≈∼∽∼∼ ∼∽∼∼∼ ∼∼∽∼≈∼∼∽∼ ∼∽∼∼≈∼ ∼∼∽∼∼ ≈∼∽∼∼∼∽ ∼∼≈∼∽∼∼ ∼∽∼∼∼ ∼∼∽∼≈∼∼∽∼ ∼∽∼∼≈∼ ∼∼∽∼∼ ≈∼∽∼∼∼∽ ∼∼≈∼
≈∼∽∼∼ ∼∽∼∼∼ ∼∼∽∼≈∼∼∽∼ ∼∽∼∼≈∼ ∼∼∽∼∼ ≈∼∽∼∼∼∽ ∼∼≈∼∽∼∼ ∼∽∼∼∼ ∼∼∽∼≈∼∼∽∼ ∼∽∼∼≈∼ ∼∼∽∼∼ ≈∼∽∼∼∼∽ ∼∼≈∼∽∼∼ ∼∽∼∼∼ ∼∼∽∼≈∼∼∽∼ ∼∽∼∼≈∼ ∼∼∽∼∼ ≈∼∽∼∼∼∽ ∼∼≈∼∽∼∼ ∼∽∼∼∼ ∼∼∽∼≈∼∼∽∼ ∼∽∼∼≈∼ ∼∼∽∼∼ ≈∼∽∼∼∼∽ ∼∼≈∼∽∼∼ ∼∽∼∼∼ ∼∼∽∼≈∼∼∽∼ ∼∽∼∼≈∼ ∼∼∽∼∼ ≈∼∽∼∼∼∽ ∼∼
∼∼ ∼∽∼∼∼ ∼∼∽∼≈∼∼∽∼ ∼∽∼∼≈∼ ∼∼∽∼∼ ≈∼∽∼∼∼∽ ∼∼≈∼∽∼∼ ∼∽∼∼∼ ∼∼∽∼≈∼∼∽∼ ∼∽∼∼≈∼ ∼∼∽∼∼ ≈∼∽∼∼∼∽ ∼∼≈∼∽∼∼ ∼∽∼∼∼ ∼∼∽∼≈∼∼∽∼ ∼∽∼∼≈∼ ∼∼∽∼∼ ≈∼∽∼∼∼∽ ∼∼≈∼∽∼∼ ∼∽∼∼∼ ∼∼∽∼≈∼∼∽∼ ∼∽∼∼≈∼ ∼∼∽∼∼ ≈∼∽∼∼∼∽ ∼∼≈∼∽∼∼ ∼∽∼∼∼ ∼∼∽∼≈∼∼∽∼ ∼∽∼∼≈∼ ∼∼∽∼∼ ≈∼∽∼∼∼∽ ∼∼≈∼∽
∼∽∼∼∼ ∼∼∽∼≈∼∼∽∼ ∼∽∼∼≈∼ ∼∼∽∼∼ ≈∼∽∼∼∼∽ ∼∼≈∼∽∼∼ ∼∽∼∼∼ ∼∼∽∼≈∼∼∽∼ ∼∽∼∼≈∼ ∼∼∽∼∼ ≈∼∽∼∼∼∽ ∼∼≈∼∽∼∼ ∼∽∼∼∼ ∼∼∽∼≈∼∼∽∼ ∼∽∼∼≈∼ ∼∼∽∼∼ ≈∼∽∼∼∼∽ ∼∼≈∼∽∼∼ ∼∽∼∼∼ ∼∼∽∼≈∼∼∽∼ ∼∽∼∼≈∼ ∼∼∽∼∼ ≈∼∽∼∼∼∽ ∼∼≈∼∽∼∼ ∼∽∼∼∼ ∼∼∽∼≈∼∼∽∼ ∼∽∼∼≈∼ ∼∼∽∼∼ ≈∼∽∼∼∼∽ ∼∼≈∼∽∼∼
∼∼ ∼∼∽∼≈∼∼∽∼ ∼∽∼∼≈∼ ∼∼∽∼∼ ≈∼∽∼∼∼∽ ∼∼≈∼∽∼∼ ∼∽∼∼∼ ∼∼∽∼≈∼∼∽∼ ∼∽∼∼≈∼ ∼∼∽∼∼ ≈∼∽∼∼∼∽ ∼∼≈∼∽∼∼ ∼∽∼∼∼ ∼∼∽∼≈∼∼∽∼ ∼∽∼∼≈∼ ∼∼∽∼∼ ≈∼∽∼∼∼∽ ∼∼≈∼∽∼∼ ∼∽∼∼∼ ∼∼∽∼≈∼∼∽∼ ∼∽∼∼≈∼ ∼∼∽∼∼ ≈∼∽∼∼∼∽ ∼∼≈∼∽∼∼ ∼∽∼∼∼ ∼∼∽∼≈∼∼∽∼ ∼∽∼∼≈∼ ∼∼∽∼∼ ≈∼∽∼∼∼∽ ∼∼≈∼∽∼∼ ∼∽∼
∼∼∽∼≈∼∼∽∼ ∼∽∼∼≈∼ ∼∼∽∼∼ ≈∼∽∼∼∼∽ ∼∼≈∼∽∼∼ ∼∽∼∼∼ ∼∼∽∼≈∼∼∽∼ ∼∽∼∼≈∼ ∼∼∽∼∼ ≈∼∽∼∼∼∽ ∼∼≈∼∽∼∼ ∼∽∼∼∼ ∼∼∽∼≈∼∼∽∼ ∼∽∼∼≈∼ ∼∼∽∼∼ ≈∼∽∼∼∼∽ ∼∼≈∼∽∼∼ ∼∽∼∼∼ ∼∼∽∼≈∼∼∽∼ ∼∽∼∼≈∼ ∼∼∽∼∼ ≈∼∽∼∼∼∽ ∼∼≈∼∽∼∼ ∼∽∼∼∼ ∼∼∽∼≈∼∼∽∼ ∼∽∼∼≈∼ ∼∼∽∼∼ ≈∼∽∼∼∼∽ ∼∼≈∼∽∼∼ ∼∽∼∼∼
∼≈∼∼∽∼ ∼∽∼∼≈∼ ∼∼∽∼∼ ≈∼∽∼∼∼∽ ∼∼≈∼∽∼∼ ∼∽∼∼∼ ∼∼∽∼≈∼∼∽∼ ∼∽∼∼≈∼ ∼∼∽∼∼ ≈∼∽∼∼∼∽ ∼∼≈∼∽∼∼ ∼∽∼∼∼ ∼∼∽∼≈∼∼∽∼ ∼∽∼∼≈∼ ∼∼∽∼∼ ≈∼∽∼∼∼∽ ∼∼≈∼∽∼∼ ∼∽∼∼∼ ∼∼∽∼≈∼∼∽∼ ∼∽∼∼≈∼ ∼∼∽∼∼ ≈∼∽∼∼∼∽ ∼∼≈∼∽∼∼ ∼∽∼∼∼ ∼∼∽∼≈∼∼∽∼ ∼∽∼∼≈∼ ∼∼∽∼∼ ≈∼∽∼∼∼∽ ∼∼≈∼∽∼∼ ∼∽∼∼∼ ∼∼∽
∼∽∼ ∼∽∼∼≈∼ ∼∼∽∼∼ ≈∼∽∼∼∼∽ ∼∼≈∼∽∼∼ ∼∽∼∼∼ ∼∼∽∼≈∼∼∽∼ ∼∽∼∼≈∼ ∼∼∽∼∼ ≈∼∽∼∼∼∽ ∼∼≈∼∽∼∼ ∼∽∼∼∼ ∼∼∽∼≈∼∼∽∼ ∼∽∼∼≈∼ ∼∼∽∼∼ ≈∼∽∼∼∼∽ ∼∼≈∼∽∼∼ ∼∽∼∼∼ ∼∼∽∼≈∼∼∽∼ ∼∽∼∼≈∼ ∼∼∽∼∼ ≈∼∽∼∼∼∽ ∼∼≈∼∽∼∼ ∼∽∼∼∼ ∼∼∽∼≈∼∼∽∼ ∼∽∼∼≈∼ ∼∼∽∼∼ ≈∼∽∼∼∼∽ ∼∼≈∼∽∼∼ ∼∽∼∼∼ ∼∼∽∼≈∼
∼∽∼∼≈∼ ∼∼∽∼∼ ≈∼∽∼∼∼∽ ∼∼≈∼∽∼∼ ∼∽∼∼∼ ∼∼∽∼≈∼∼∽∼ ∼∽∼∼≈∼ ∼∼∽∼∼ ≈∼∽∼∼∼∽ ∼∼≈∼∽∼∼ ∼∽∼∼∼ ∼∼∽∼≈∼∼∽∼ ∼∽∼∼≈∼ ∼∼∽∼∼ ≈∼∽∼∼∼∽ ∼∼≈∼∽∼∼ ∼∽∼∼∼ ∼∼∽∼≈∼∼∽∼ ∼∽∼∼≈∼ ∼∼∽∼∼ ≈∼∽∼∼∼∽ ∼∼≈∼∽∼∼ ∼∽∼∼∼ ∼∼∽∼≈∼∼∽∼ ∼∽∼∼≈∼ ∼∼∽∼∼ ≈∼∽∼∼∼∽ ∼∼≈∼∽∼∼ ∼∽∼∼∼ ∼∼∽∼≈∼∼∽∼
∼∼≈∼ ∼∼∽∼∼ ≈∼∽∼∼∼∽ ∼∼≈∼∽∼∼ ∼∽∼∼∼ ∼∼∽∼≈∼∼∽∼ ∼∽∼∼≈∼ ∼∼∽∼∼ ≈∼∽∼∼∼∽ ∼∼≈∼∽∼∼ ∼∽∼∼∼ ∼∼∽∼≈∼∼∽∼ ∼∽∼∼≈∼ ∼∼∽∼∼ ≈∼∽∼∼∼∽ ∼∼≈∼∽∼∼ ∼∽∼∼∼ ∼∼∽∼≈∼∼∽∼ ∼∽∼∼≈∼ ∼∼∽∼∼ ≈∼∽∼∼∼∽ ∼∼≈∼∽∼∼ ∼∽∼∼∼ ∼∼∽∼≈∼∼∽∼ ∼∽∼∼≈∼ ∼∼∽∼∼ ≈∼∽∼∼∼∽ ∼∼≈∼∽∼∼ ∼∽∼∼∼ ∼∼∽∼≈∼∼∽∼ ∼∽
∼ ∼∼∽∼∼ ≈∼∽∼∼∼∽ ∼∼≈∼∽∼∼ ∼∽∼∼∼ ∼∼∽∼≈∼∼∽∼ ∼∽∼∼≈∼ ∼∼∽∼∼ ≈∼∽∼∼∼∽ ∼∼≈∼∽∼∼ ∼∽∼∼∼ ∼∼∽∼≈∼∼∽∼ ∼∽∼∼≈∼ ∼∼∽∼∼ ≈∼∽∼∼∼∽ ∼∼≈∼∽∼∼ ∼∽∼∼∼ ∼∼∽∼≈∼∼∽∼ ∼∽∼∼≈∼ ∼∼∽∼∼ ≈∼∽∼∼∼∽ ∼∼≈∼∽∼∼ ∼∽∼∼∼ ∼∼∽∼≈∼∼∽∼ ∼∽∼∼≈∼ ∼∼∽∼∼ ≈∼∽∼∼∼∽ ∼∼≈∼∽∼∼ ∼∽∼∼∼ ∼∼∽∼≈∼∼∽∼ ∼∽∼∼≈
∼∽∼∼ ≈∼∽∼∼∼∽ ∼∼≈∼∽∼∼ ∼∽∼∼∼ ∼∼∽∼≈∼∼∽∼ ∼∽∼∼≈∼ ∼∼∽∼∼ ≈∼∽∼∼∼∽ ∼∼≈∼∽∼∼ ∼∽∼∼∼ ∼∼∽∼≈∼∼∽∼ ∼∽∼∼≈∼ ∼∼∽∼∼ ≈∼∽∼∼∼∽ ∼∼≈∼∽∼∼ ∼∽∼∼∼ ∼∼∽∼≈∼∼∽∼ ∼∽∼∼≈∼ ∼∼∽∼∼ ≈∼∽∼∼∼∽ ∼∼≈∼∽∼∼ ∼∽∼∼∼ ∼∼∽∼≈∼∼∽∼ ∼∽∼∼≈∼ ∼∼∽∼∼ ≈∼∽∼∼∼∽ ∼∼≈∼∽∼∼ ∼∽∼∼∼ ∼∼∽∼≈∼∼∽∼ ∼∽∼∼≈∼ ∼
∼ ≈∼∽∼∼∼∽ ∼∼≈∼∽∼∼ ∼∽∼∼∼ ∼∼∽∼≈∼∼∽∼ ∼∽∼∼≈∼ ∼∼∽∼∼ ≈∼∽∼∼∼∽ ∼∼≈∼∽∼∼ ∼∽∼∼∼ ∼∼∽∼≈∼∼∽∼ ∼∽∼∼≈∼ ∼∼∽∼∼ ≈∼∽∼∼∼∽ ∼∼≈∼∽∼∼ ∼∽∼∼∼ ∼∼∽∼≈∼∼∽∼ ∼∽∼∼≈∼ ∼∼∽∼∼ ≈∼∽∼∼∼∽ ∼∼≈∼∽∼∼ ∼∽∼∼∼ ∼∼∽∼≈∼∼∽∼ ∼∽∼∼≈∼ ∼∼∽∼∼ ≈∼∽∼∼∼∽ ∼∼≈∼∽∼∼ ∼∽∼∼∼ ∼∼∽∼≈∼∼∽∼ ∼∽∼∼≈∼ ∼∼∽∼
∼∽∼∼∼∽ ∼∼≈∼∽∼∼ ∼∽∼∼∼ ∼∼∽∼≈∼∼∽∼ ∼∽∼∼≈∼ ∼∼∽∼∼ ≈∼∽∼∼∼∽ ∼∼≈∼∽∼∼ ∼∽∼∼∼ ∼∼∽∼≈∼∼∽∼ ∼∽∼∼≈∼ ∼∼∽∼∼ ≈∼∽∼∼∼∽ ∼∼≈∼∽∼∼ ∼∽∼∼∼ ∼∼∽∼≈∼∼∽∼ ∼∽∼∼≈∼ ∼∼∽∼∼ ≈∼∽∼∼∼∽ ∼∼≈∼∽∼∼ ∼∽∼∼∼ ∼∼∽∼≈∼∼∽∼ ∼∽∼∼≈∼ ∼∼∽∼∼ ≈∼∽∼∼∼∽ ∼∼≈∼∽∼∼ ∼∽∼∼∼ ∼∼∽∼≈∼∼∽∼ ∼∽∼∼≈∼ ∼∼∽∼∼ ≈
∼∼∽ ∼∼≈∼∽∼∼ ∼∽∼∼∼ ∼∼∽∼≈∼∼∽∼ ∼∽∼∼≈∼ ∼∼∽∼∼ ≈∼∽∼∼∼∽ ∼∼≈∼∽∼∼ ∼∽∼∼∼ ∼∼∽∼≈∼∼∽∼ ∼∽∼∼≈∼ ∼∼∽∼∼ ≈∼∽∼∼∼∽ ∼∼≈∼∽∼∼ ∼∽∼∼∼ ∼∼∽∼≈∼∼∽∼ ∼∽∼∼≈∼ ∼∼∽∼∼ ≈∼∽∼∼∼∽ ∼∼≈∼∽∼∼ ∼∽∼∼∼ ∼∼∽∼≈∼∼∽∼ ∼∽∼∼≈∼ ∼∼∽∼∼ ≈∼∽∼∼∼∽ ∼∼≈∼∽∼∼ ∼∽∼∼∼ ∼∼∽∼≈∼∼∽∼ ∼∽∼∼≈∼ ∼∼∽∼∼ ≈∼∽∼
∼∼≈∼∽∼∼ ∼∽∼∼∼ ∼∼∽∼≈∼∼∽∼ ∼∽∼∼≈∼ ∼∼∽∼∼ ≈∼∽∼∼∼∽ ∼∼≈∼∽∼∼ ∼∽∼∼∼ ∼∼∽∼≈∼∼∽∼ ∼∽∼∼≈∼ ∼∼∽∼∼ ≈∼∽∼∼∼∽ ∼∼≈∼∽∼∼ ∼∽∼∼∼ ∼∼∽∼≈∼∼∽∼ ∼∽∼∼≈∼ ∼∼∽∼∼ ≈∼∽∼∼∼∽ ∼∼≈∼∽∼∼ ∼∽∼∼∼ ∼∼∽∼≈∼∼∽∼ ∼∽∼∼≈∼ ∼∼∽∼∼ ≈∼∽∼∼∼∽ ∼∼≈∼∽∼∼ ∼∽∼∼∼ ∼∼∽∼≈∼∼∽∼ ∼∽∼∼≈∼ ∼∼∽∼∼ ≈∼∽∼∼∼∽
≈∼∽∼∼ ∼∽∼∼∼ ∼∼∽∼≈∼∼∽∼ ∼∽∼∼≈∼ ∼∼∽∼∼ ≈∼∽∼∼∼∽ ∼∼≈∼∽∼∼ ∼∽∼∼∼ ∼∼∽∼≈∼∼∽∼ ∼∽∼∼≈∼ ∼∼∽∼∼ ≈∼∽∼∼∼∽ ∼∼≈∼∽∼∼ ∼∽∼∼∼ ∼∼∽∼≈∼∼∽∼ ∼∽∼∼≈∼ ∼∼∽∼∼ ≈∼∽∼∼∼∽ ∼∼≈∼∽∼∼ ∼∽∼∼∼ ∼∼∽∼≈∼∼∽∼ ∼∽∼∼≈∼ ∼∼∽∼∼ ≈∼∽∼∼∼∽ ∼∼≈∼∽∼∼ ∼∽∼∼∼ ∼∼∽∼≈∼∼∽∼ ∼∽∼∼≈∼ ∼∼∽∼∼ ≈∼∽∼∼∼∽ ∼∼
∼∼ ∼∽∼∼∼ ∼∼∽∼≈∼∼∽∼ ∼∽∼∼≈∼ ∼∼∽∼∼ ≈∼∽∼∼∼∽ ∼∼≈∼∽∼∼ ∼∽∼∼∼ ∼∼∽∼≈∼∼∽∼ ∼∽∼∼≈∼ ∼∼∽∼∼ ≈∼∽∼∼∼∽ ∼∼≈∼∽∼∼ ∼∽∼∼∼ ∼∼∽∼≈∼∼∽∼ ∼∽∼∼≈∼ ∼∼∽∼∼ ≈∼∽∼∼∼∽ ∼∼≈∼∽∼∼ ∼∽∼∼∼ ∼∼∽∼≈∼∼∽∼ ∼∽∼∼≈∼ ∼∼∽∼∼ ≈∼∽∼∼∼∽ ∼∼≈∼∽∼∼ ∼∽∼∼∼ ∼∼∽∼≈∼∼∽∼ ∼∽∼∼≈∼ ∼∼∽∼∼ ≈∼∽∼∼∼∽ ∼∼≈∼∽
∽∼∼∼ ∼∼∽∼≈∼∼∽∼ ∼∽∼∼≈∼ ∼∼∽∼∼ ≈∼∽∼∼∼∽ ∼∼≈∼∽∼∼ ∼∽∼∼∼ ∼∼∽∼≈∼∼∽∼ ∼∽∼∼≈∼ ∼∼∽∼∼ ≈∼∽∼∼∼∽ ∼∼≈∼∽∼∼ ∼∽∼∼∼ ∼∼∽∼≈∼∼∽∼ ∼∽∼∼≈∼ ∼∼∽∼∼ ≈∼∽∼∼∼∽ ∼∼≈∼∽∼∼ ∼∽∼∼∼ ∼∼∽∼≈∼∼∽∼ ∼∽∼∼≈∼ ∼∼∽∼∼ ≈∼∽∼∼∼∽ ∼∼≈∼∽∼∼ ∼∽∼∼∼ ∼∼∽∼≈∼∼∽∼ ∼∽∼∼≈∼ ∼∼∽∼∼ ≈∼∽∼∼∼∽ ∼∼≈∼∽∼∼ ∼
∼ ∼∼∽∼≈∼∼∽∼ ∼∽∼∼≈∼ ∼∼∽∼∼ ≈∼∽∼∼∼∽ ∼∼≈∼∽∼∼ ∼∽∼∼∼ ∼∼∽∼≈∼∼∽∼ ∼∽∼∼≈∼ ∼∼∽∼∼ ≈∼∽∼∼∼∽ ∼∼≈∼∽∼∼ ∼∽∼∼∼ ∼∼∽∼≈∼∼∽∼ ∼∽∼∼≈∼ ∼∼∽∼∼ ≈∼∽∼∼∼∽ ∼∼≈∼∽∼∼ ∼∽∼∼∼ ∼∼∽∼≈∼∼∽∼ ∼∽∼∼≈∼ ∼∼∽∼∼ ≈∼∽∼∼∼∽ ∼∼≈∼∽∼∼ ∼∽∼∼∼ ∼∼∽∼≈∼∼∽∼ ∼∽∼∼≈∼ ∼∼∽∼∼ ≈∼∽∼∼∼∽ ∼∼≈∼∽∼∼ ∼∽∼∼
∼∽∼≈∼∼∽∼ ∼∽∼∼≈∼ ∼∼∽∼∼ ≈∼∽∼∼∼∽ ∼∼≈∼∽∼∼ ∼∽∼∼∼ ∼∼∽∼≈∼∼∽∼ ∼∽∼∼≈∼ ∼∼∽∼∼ ≈∼∽∼∼∼∽ ∼∼≈∼∽∼∼ ∼∽∼∼∼ ∼∼∽∼≈∼∼∽∼ ∼∽∼∼≈∼ ∼∼∽∼∼ ≈∼∽∼∼∼∽ ∼∼≈∼∽∼∼ ∼∽∼∼∼ ∼∼∽∼≈∼∼∽∼ ∼∽∼∼≈∼ ∼∼∽∼∼ ≈∼∽∼∼∼∽ ∼∼≈∼∽∼∼ ∼∽∼∼∼ ∼∼∽∼≈∼∼∽∼ ∼∽∼∼≈∼ ∼∼∽∼∼ ≈∼∽∼∼∼∽ ∼∼≈∼∽∼∼ ∼∽∼∼∼ ∼
≈∼∼∽∼ ∼∽∼∼≈∼ ∼∼∽∼∼ ≈∼∽∼∼∼∽ ∼∼≈∼∽∼∼ ∼∽∼∼∼ ∼∼∽∼≈∼∼∽∼ ∼∽∼∼≈∼ ∼∼∽∼∼ ≈∼∽∼∼∼∽ ∼∼≈∼∽∼∼ ∼∽∼∼∼ ∼∼∽∼≈∼∼∽∼ ∼∽∼∼≈∼ ∼∼∽∼∼ ≈∼∽∼∼∼∽ ∼∼≈∼∽∼∼ ∼∽∼∼∼ ∼∼∽∼≈∼∼∽∼ ∼∽∼∼≈∼ ∼∼∽∼∼ ≈∼∽∼∼∼∽ ∼∼≈∼∽∼∼ ∼∽∼∼∼ ∼∼∽∼≈∼∼∽∼ ∼∽∼∼≈∼ ∼∼∽∼∼ ≈∼∽∼∼∼∽ ∼∼≈∼∽∼∼ ∼∽∼∼∼ ∼∼∽∼
∽∼ ∼∽∼∼≈∼ ∼∼∽∼∼ ≈∼∽∼∼∼∽ ∼∼≈∼∽∼∼ ∼∽∼∼∼ ∼∼∽∼≈∼∼∽∼ ∼∽∼∼≈∼ ∼∼∽∼∼ ≈∼∽∼∼∼∽ ∼∼≈∼∽∼∼ ∼∽∼∼∼ ∼∼∽∼≈∼∼∽∼ ∼∽∼∼≈∼ ∼∼∽∼∼ ≈∼∽∼∼∼∽ ∼∼≈∼∽∼∼ ∼∽∼∼∼ ∼∼∽∼≈∼∼∽∼ ∼∽∼∼≈∼ ∼∼∽∼∼ ≈∼∽∼∼∼∽ ∼∼≈∼∽∼∼ ∼∽∼∼∼ ∼∼∽∼≈∼∼∽∼ ∼∽∼∼≈∼ ∼∼∽∼∼ ≈∼∽∼∼∼∽ ∼∼≈∼∽∼∼ ∼∽∼∼∼ ∼∼∽∼≈∼∼
∽∼≈∼∼∽∼ ∼∽∼∼≈∼ ∼∼∽∼∼ ≈∼∽∼∼∼∽ ∼∼≈∼∽∼∼ ∼∽∼∼∼ ∼∼∽∼≈∼∼∽∼ ∼∽∼∼≈∼ ∼∼∽∼∼ ≈∼∽∼∼∼∽ ∼∼≈∼∽∼∼ ∼∽∼∼∼ ∼∼∽∼≈∼∼∽∼ ∼∽∼∼≈∼ ∼∼∽∼∼ ≈∼∽∼∼∼∽ ∼∼≈∼∽∼∼ ∼∽∼∼∼ ∼∼∽∼≈∼∼∽∼ ∼∽∼∼≈∼ ∼∼∽∼∼ ≈∼∽∼∼∼∽ ∼∼≈∼∽∼∼ ∼∽∼∼∼ ∼∼∽∼≈∼∼∽∼ ∼∽∼∼≈∼ ∼∼∽∼∼ ≈∼∽∼∼∼∽ ∼∼≈∼∽∼∼ ∼∽∼∼∼ ∼∼
∼∼∽∼ ∼∽∼∼≈∼ ∼∼∽∼∼ ≈∼∽∼∼∼∽ ∼∼≈∼∽∼∼ ∼∽∼∼∼ ∼∼∽∼≈∼∼∽∼ ∼∽∼∼≈∼ ∼∼∽∼∼ ≈∼∽∼∼∼∽ ∼∼≈∼∽∼∼ ∼∽∼∼∼ ∼∼∽∼≈∼∼∽∼ ∼∽∼∼≈∼ ∼∼∽∼∼ ≈∼∽∼∼∼∽ ∼∼≈∼∽∼∼ ∼∽∼∼∼ ∼∼∽∼≈∼∼∽∼ ∼∽∼∼≈∼ ∼∼∽∼∼ ≈∼∽∼∼∼∽ ∼∼≈∼∽∼∼ ∼∽∼∼∼ ∼∼∽∼≈∼∼∽∼ ∼∽∼∼≈∼ ∼∼∽∼∼ ≈∼∽∼∼∼∽ ∼∼≈∼∽∼∼ ∼∽∼∼∼ ∼∼∽∼≈
∼ ∼∽∼∼≈∼ ∼∼∽∼∼ ≈∼∽∼∼∼∽ ∼∼≈∼∽∼∼ ∼∽∼∼∼ ∼∼∽∼≈∼∼∽∼ ∼∽∼∼≈∼ ∼∼∽∼∼ ≈∼∽∼∼∼∽ ∼∼≈∼∽∼∼ ∼∽∼∼∼ ∼∼∽∼≈∼∼∽∼ ∼∽∼∼≈∼ ∼∼∽∼∼ ≈∼∽∼∼∼∽ ∼∼≈∼∽∼∼ ∼∽∼∼∼ ∼∼∽∼≈∼∼∽∼ ∼∽∼∼≈∼ ∼∼∽∼∼ ≈∼∽∼∼∼∽ ∼∼≈∼∽∼∼ ∼∽∼∼∼ ∼∼∽∼≈∼∼∽∼ ∼∽∼∼≈∼ ∼∼∽∼∼ ≈∼∽∼∼∼∽ ∼∼≈∼∽∼∼ ∼∽∼∼∼ ∼∼∽∼≈∼∼∽
∽∼∼≈∼ ∼∼∽∼∼ ≈∼∽∼∼∼∽ ∼∼≈∼∽∼∼ ∼∽∼∼∼ ∼∼∽∼≈∼∼∽∼ ∼∽∼∼≈∼ ∼∼∽∼∼ ≈∼∽∼∼∼∽ ∼∼≈∼∽∼∼ ∼∽∼∼∼ ∼∼∽∼≈∼∼∽∼ ∼∽∼∼≈∼ ∼∼∽∼∼ ≈∼∽∼∼∼∽ ∼∼≈∼∽∼∼ ∼∽∼∼∼ ∼∼∽∼≈∼∼∽∼ ∼∽∼∼≈∼ ∼∼∽∼∼ ≈∼∽∼∼∼∽ ∼∼≈∼∽∼∼ ∼∽∼∼∼ ∼∼∽∼≈∼∼∽∼ ∼∽∼∼≈∼ ∼∼∽∼∼ ≈∼∽∼∼∼∽ ∼∼≈∼∽∼∼ ∼∽∼∼∼ ∼∼∽∼≈∼∼∽∼ ∼
≈∼ ∼∼∽∼∼ ≈∼∽∼∼∼∽ ∼∼≈∼∽∼∼ ∼∽∼∼∼ ∼∼∽∼≈∼∼∽∼ ∼∽∼∼≈∼ ∼∼∽∼∼ ≈∼∽∼∼∼∽ ∼∼≈∼∽∼∼ ∼∽∼∼∼ ∼∼∽∼≈∼∼∽∼ ∼∽∼∼≈∼ ∼∼∽∼∼ ≈∼∽∼∼∼∽ ∼∼≈∼∽∼∼ ∼∽∼∼∼ ∼∼∽∼≈∼∼∽∼ ∼∽∼∼≈∼ ∼∼∽∼∼ ≈∼∽∼∼∼∽ ∼∼≈∼∽∼∼ ∼∽∼∼∼ ∼∼∽∼≈∼∼∽∼ ∼∽∼∼≈∼ ∼∼∽∼∼ ≈∼∽∼∼∼∽ ∼∼≈∼∽∼∼ ∼∽∼∼∼ ∼∼∽∼≈∼∼∽∼ ∼∽∼∼
